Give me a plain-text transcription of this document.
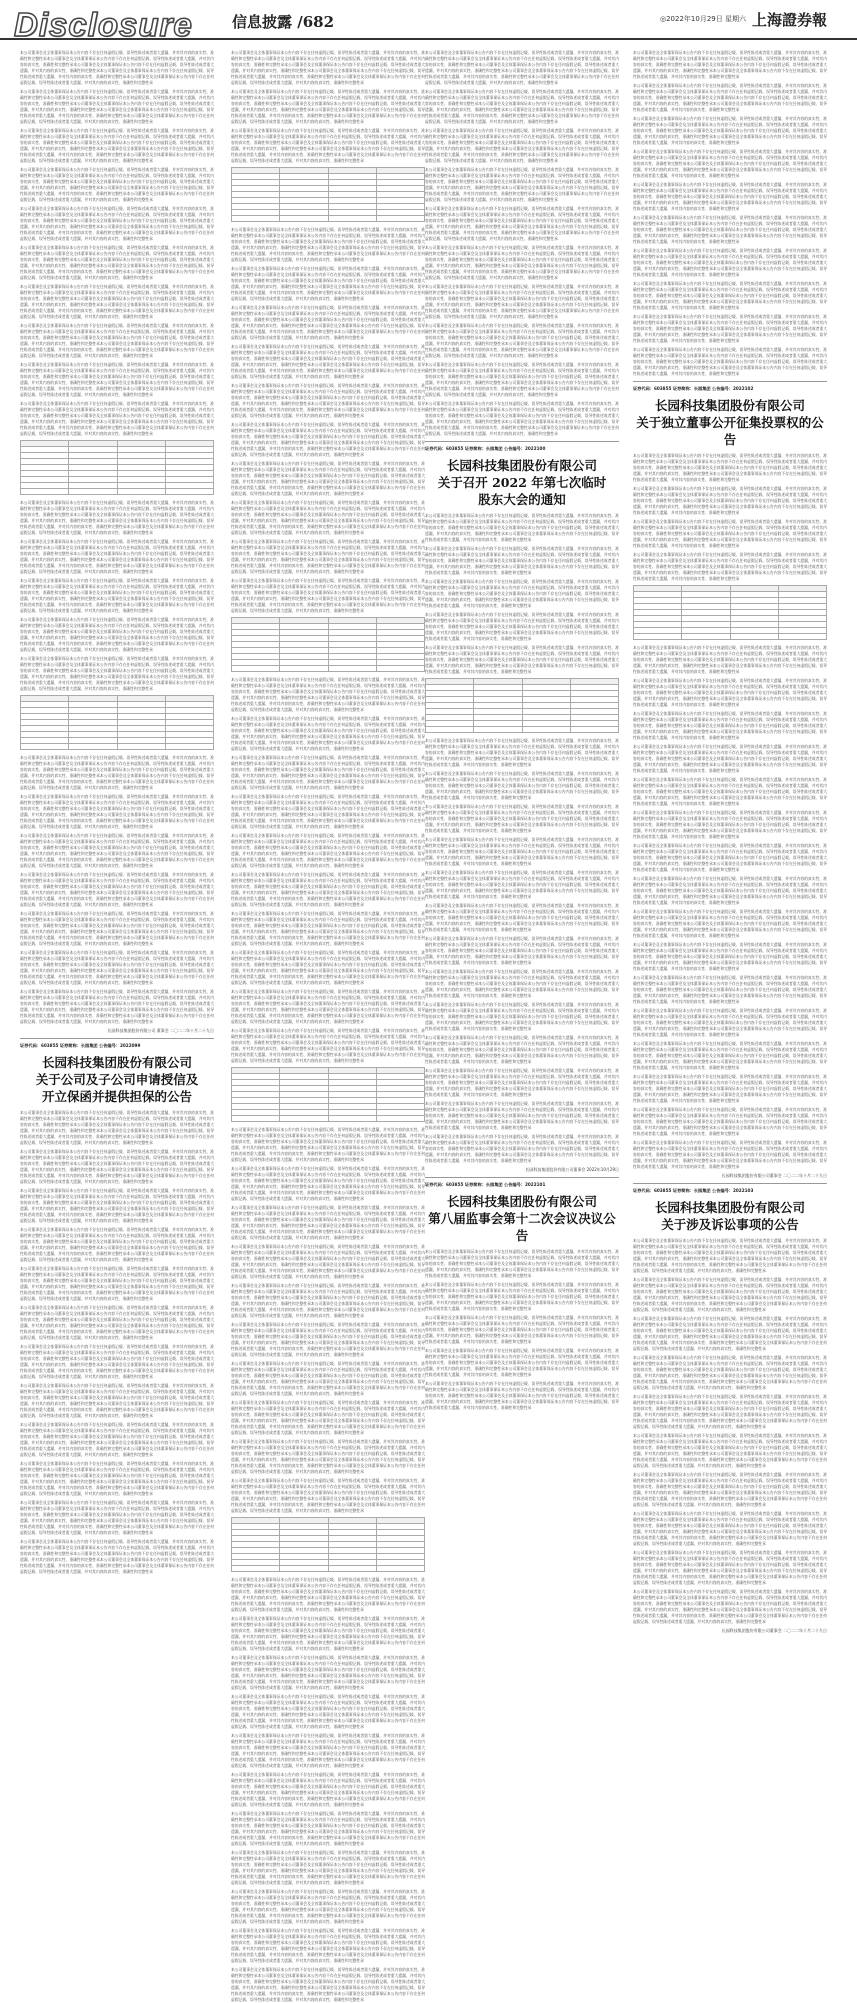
Disclosure	信息披露 /682	◎2022年10月29日 星期六 上海證券報
本公司董事会及全体董事保证本公告内容不存在任何虚假记载、误导性陈述或者重大遗漏，并对其内容的真实性、准确性和完整性承本公司董事会及全体董事保证本公告内容不存在任何虚假记载、误导性陈述或者重大遗漏，并对其内容的真实性、准确性和完整性承本公司董事会及全体董事保证本公告内容不存在任何虚假记载、误导性陈述或者重大遗漏，并对其内容的真实性、准确性和完整性承本公司董事会及全体董事保证本公告内容不存在任何虚假记载、误导性陈述或者重大遗漏，并对其内容的真实性、准确性和完整性承本公司董事会及全体董事保证本公告内容不存在任何虚假记载、误导性陈述或者重大遗漏，并对其内容的真实性、准确性和完整性承
本公司董事会及全体董事保证本公告内容不存在任何虚假记载、误导性陈述或者重大遗漏，并对其内容的真实性、准确性和完整性承本公司董事会及全体董事保证本公告内容不存在任何虚假记载、误导性陈述或者重大遗漏，并对其内容的真实性、准确性和完整性承本公司董事会及全体董事保证本公告内容不存在任何虚假记载、误导性陈述或者重大遗漏，并对其内容的真实性、准确性和完整性承本公司董事会及全体董事保证本公告内容不存在任何虚假记载、误导性陈述或者重大遗漏，并对其内容的真实性、准确性和完整性承本公司董事会及全体董事保证本公告内容不存在任何虚假记载、误导性陈述或者重大遗漏，并对其内容的真实性、准确性和完整性承
本公司董事会及全体董事保证本公告内容不存在任何虚假记载、误导性陈述或者重大遗漏，并对其内容的真实性、准确性和完整性承本公司董事会及全体董事保证本公告内容不存在任何虚假记载、误导性陈述或者重大遗漏，并对其内容的真实性、准确性和完整性承本公司董事会及全体董事保证本公告内容不存在任何虚假记载、误导性陈述或者重大遗漏，并对其内容的真实性、准确性和完整性承本公司董事会及全体董事保证本公告内容不存在任何虚假记载、误导性陈述或者重大遗漏，并对其内容的真实性、准确性和完整性承本公司董事会及全体董事保证本公告内容不存在任何虚假记载、误导性陈述或者重大遗漏，并对其内容的真实性、准确性和完整性承
本公司董事会及全体董事保证本公告内容不存在任何虚假记载、误导性陈述或者重大遗漏，并对其内容的真实性、准确性和完整性承本公司董事会及全体董事保证本公告内容不存在任何虚假记载、误导性陈述或者重大遗漏，并对其内容的真实性、准确性和完整性承本公司董事会及全体董事保证本公告内容不存在任何虚假记载、误导性陈述或者重大遗漏，并对其内容的真实性、准确性和完整性承本公司董事会及全体董事保证本公告内容不存在任何虚假记载、误导性陈述或者重大遗漏，并对其内容的真实性、准确性和完整性承本公司董事会及全体董事保证本公告内容不存在任何虚假记载、误导性陈述或者重大遗漏，并对其内容的真实性、准确性和完整性承
本公司董事会及全体董事保证本公告内容不存在任何虚假记载、误导性陈述或者重大遗漏，并对其内容的真实性、准确性和完整性承本公司董事会及全体董事保证本公告内容不存在任何虚假记载、误导性陈述或者重大遗漏，并对其内容的真实性、准确性和完整性承本公司董事会及全体董事保证本公告内容不存在任何虚假记载、误导性陈述或者重大遗漏，并对其内容的真实性、准确性和完整性承本公司董事会及全体董事保证本公告内容不存在任何虚假记载、误导性陈述或者重大遗漏，并对其内容的真实性、准确性和完整性承本公司董事会及全体董事保证本公告内容不存在任何虚假记载、误导性陈述或者重大遗漏，并对其内容的真实性、准确性和完整性承
本公司董事会及全体董事保证本公告内容不存在任何虚假记载、误导性陈述或者重大遗漏，并对其内容的真实性、准确性和完整性承本公司董事会及全体董事保证本公告内容不存在任何虚假记载、误导性陈述或者重大遗漏，并对其内容的真实性、准确性和完整性承本公司董事会及全体董事保证本公告内容不存在任何虚假记载、误导性陈述或者重大遗漏，并对其内容的真实性、准确性和完整性承本公司董事会及全体董事保证本公告内容不存在任何虚假记载、误导性陈述或者重大遗漏，并对其内容的真实性、准确性和完整性承本公司董事会及全体董事保证本公告内容不存在任何虚假记载、误导性陈述或者重大遗漏，并对其内容的真实性、准确性和完整性承
本公司董事会及全体董事保证本公告内容不存在任何虚假记载、误导性陈述或者重大遗漏，并对其内容的真实性、准确性和完整性承本公司董事会及全体董事保证本公告内容不存在任何虚假记载、误导性陈述或者重大遗漏，并对其内容的真实性、准确性和完整性承本公司董事会及全体董事保证本公告内容不存在任何虚假记载、误导性陈述或者重大遗漏，并对其内容的真实性、准确性和完整性承本公司董事会及全体董事保证本公告内容不存在任何虚假记载、误导性陈述或者重大遗漏，并对其内容的真实性、准确性和完整性承本公司董事会及全体董事保证本公告内容不存在任何虚假记载、误导性陈述或者重大遗漏，并对其内容的真实性、准确性和完整性承
本公司董事会及全体董事保证本公告内容不存在任何虚假记载、误导性陈述或者重大遗漏，并对其内容的真实性、准确性和完整性承本公司董事会及全体董事保证本公告内容不存在任何虚假记载、误导性陈述或者重大遗漏，并对其内容的真实性、准确性和完整性承本公司董事会及全体董事保证本公告内容不存在任何虚假记载、误导性陈述或者重大遗漏，并对其内容的真实性、准确性和完整性承本公司董事会及全体董事保证本公告内容不存在任何虚假记载、误导性陈述或者重大遗漏，并对其内容的真实性、准确性和完整性承本公司董事会及全体董事保证本公告内容不存在任何虚假记载、误导性陈述或者重大遗漏，并对其内容的真实性、准确性和完整性承
本公司董事会及全体董事保证本公告内容不存在任何虚假记载、误导性陈述或者重大遗漏，并对其内容的真实性、准确性和完整性承本公司董事会及全体董事保证本公告内容不存在任何虚假记载、误导性陈述或者重大遗漏，并对其内容的真实性、准确性和完整性承本公司董事会及全体董事保证本公告内容不存在任何虚假记载、误导性陈述或者重大遗漏，并对其内容的真实性、准确性和完整性承本公司董事会及全体董事保证本公告内容不存在任何虚假记载、误导性陈述或者重大遗漏，并对其内容的真实性、准确性和完整性承本公司董事会及全体董事保证本公告内容不存在任何虚假记载、误导性陈述或者重大遗漏，并对其内容的真实性、准确性和完整性承
本公司董事会及全体董事保证本公告内容不存在任何虚假记载、误导性陈述或者重大遗漏，并对其内容的真实性、准确性和完整性承本公司董事会及全体董事保证本公告内容不存在任何虚假记载、误导性陈述或者重大遗漏，并对其内容的真实性、准确性和完整性承本公司董事会及全体董事保证本公告内容不存在任何虚假记载、误导性陈述或者重大遗漏，并对其内容的真实性、准确性和完整性承本公司董事会及全体董事保证本公告内容不存在任何虚假记载、误导性陈述或者重大遗漏，并对其内容的真实性、准确性和完整性承本公司董事会及全体董事保证本公告内容不存在任何虚假记载、误导性陈述或者重大遗漏，并对其内容的真实性、准确性和完整性承

本公司董事会及全体董事保证本公告内容不存在任何虚假记载、误导性陈述或者重大遗漏，并对其内容的真实性、准确性和完整性承本公司董事会及全体董事保证本公告内容不存在任何虚假记载、误导性陈述或者重大遗漏，并对其内容的真实性、准确性和完整性承本公司董事会及全体董事保证本公告内容不存在任何虚假记载、误导性陈述或者重大遗漏，并对其内容的真实性、准确性和完整性承本公司董事会及全体董事保证本公告内容不存在任何虚假记载、误导性陈述或者重大遗漏，并对其内容的真实性、准确性和完整性承本公司董事会及全体董事保证本公告内容不存在任何虚假记载、误导性陈述或者重大遗漏，并对其内容的真实性、准确性和完整性承
本公司董事会及全体董事保证本公告内容不存在任何虚假记载、误导性陈述或者重大遗漏，并对其内容的真实性、准确性和完整性承本公司董事会及全体董事保证本公告内容不存在任何虚假记载、误导性陈述或者重大遗漏，并对其内容的真实性、准确性和完整性承本公司董事会及全体董事保证本公告内容不存在任何虚假记载、误导性陈述或者重大遗漏，并对其内容的真实性、准确性和完整性承本公司董事会及全体董事保证本公告内容不存在任何虚假记载、误导性陈述或者重大遗漏，并对其内容的真实性、准确性和完整性承本公司董事会及全体董事保证本公告内容不存在任何虚假记载、误导性陈述或者重大遗漏，并对其内容的真实性、准确性和完整性承
本公司董事会及全体董事保证本公告内容不存在任何虚假记载、误导性陈述或者重大遗漏，并对其内容的真实性、准确性和完整性承本公司董事会及全体董事保证本公告内容不存在任何虚假记载、误导性陈述或者重大遗漏，并对其内容的真实性、准确性和完整性承本公司董事会及全体董事保证本公告内容不存在任何虚假记载、误导性陈述或者重大遗漏，并对其内容的真实性、准确性和完整性承本公司董事会及全体董事保证本公告内容不存在任何虚假记载、误导性陈述或者重大遗漏，并对其内容的真实性、准确性和完整性承本公司董事会及全体董事保证本公告内容不存在任何虚假记载、误导性陈述或者重大遗漏，并对其内容的真实性、准确性和完整性承
本公司董事会及全体董事保证本公告内容不存在任何虚假记载、误导性陈述或者重大遗漏，并对其内容的真实性、准确性和完整性承本公司董事会及全体董事保证本公告内容不存在任何虚假记载、误导性陈述或者重大遗漏，并对其内容的真实性、准确性和完整性承本公司董事会及全体董事保证本公告内容不存在任何虚假记载、误导性陈述或者重大遗漏，并对其内容的真实性、准确性和完整性承本公司董事会及全体董事保证本公告内容不存在任何虚假记载、误导性陈述或者重大遗漏，并对其内容的真实性、准确性和完整性承本公司董事会及全体董事保证本公告内容不存在任何虚假记载、误导性陈述或者重大遗漏，并对其内容的真实性、准确性和完整性承
本公司董事会及全体董事保证本公告内容不存在任何虚假记载、误导性陈述或者重大遗漏，并对其内容的真实性、准确性和完整性承本公司董事会及全体董事保证本公告内容不存在任何虚假记载、误导性陈述或者重大遗漏，并对其内容的真实性、准确性和完整性承本公司董事会及全体董事保证本公告内容不存在任何虚假记载、误导性陈述或者重大遗漏，并对其内容的真实性、准确性和完整性承本公司董事会及全体董事保证本公告内容不存在任何虚假记载、误导性陈述或者重大遗漏，并对其内容的真实性、准确性和完整性承本公司董事会及全体董事保证本公告内容不存在任何虚假记载、误导性陈述或者重大遗漏，并对其内容的真实性、准确性和完整性承

本公司董事会及全体董事保证本公告内容不存在任何虚假记载、误导性陈述或者重大遗漏，并对其内容的真实性、准确性和完整性承本公司董事会及全体董事保证本公告内容不存在任何虚假记载、误导性陈述或者重大遗漏，并对其内容的真实性、准确性和完整性承本公司董事会及全体董事保证本公告内容不存在任何虚假记载、误导性陈述或者重大遗漏，并对其内容的真实性、准确性和完整性承本公司董事会及全体董事保证本公告内容不存在任何虚假记载、误导性陈述或者重大遗漏，并对其内容的真实性、准确性和完整性承本公司董事会及全体董事保证本公告内容不存在任何虚假记载、误导性陈述或者重大遗漏，并对其内容的真实性、准确性和完整性承
本公司董事会及全体董事保证本公告内容不存在任何虚假记载、误导性陈述或者重大遗漏，并对其内容的真实性、准确性和完整性承本公司董事会及全体董事保证本公告内容不存在任何虚假记载、误导性陈述或者重大遗漏，并对其内容的真实性、准确性和完整性承本公司董事会及全体董事保证本公告内容不存在任何虚假记载、误导性陈述或者重大遗漏，并对其内容的真实性、准确性和完整性承本公司董事会及全体董事保证本公告内容不存在任何虚假记载、误导性陈述或者重大遗漏，并对其内容的真实性、准确性和完整性承本公司董事会及全体董事保证本公告内容不存在任何虚假记载、误导性陈述或者重大遗漏，并对其内容的真实性、准确性和完整性承
本公司董事会及全体董事保证本公告内容不存在任何虚假记载、误导性陈述或者重大遗漏，并对其内容的真实性、准确性和完整性承本公司董事会及全体董事保证本公告内容不存在任何虚假记载、误导性陈述或者重大遗漏，并对其内容的真实性、准确性和完整性承本公司董事会及全体董事保证本公告内容不存在任何虚假记载、误导性陈述或者重大遗漏，并对其内容的真实性、准确性和完整性承本公司董事会及全体董事保证本公告内容不存在任何虚假记载、误导性陈述或者重大遗漏，并对其内容的真实性、准确性和完整性承本公司董事会及全体董事保证本公告内容不存在任何虚假记载、误导性陈述或者重大遗漏，并对其内容的真实性、准确性和完整性承
本公司董事会及全体董事保证本公告内容不存在任何虚假记载、误导性陈述或者重大遗漏，并对其内容的真实性、准确性和完整性承本公司董事会及全体董事保证本公告内容不存在任何虚假记载、误导性陈述或者重大遗漏，并对其内容的真实性、准确性和完整性承本公司董事会及全体董事保证本公告内容不存在任何虚假记载、误导性陈述或者重大遗漏，并对其内容的真实性、准确性和完整性承本公司董事会及全体董事保证本公告内容不存在任何虚假记载、误导性陈述或者重大遗漏，并对其内容的真实性、准确性和完整性承本公司董事会及全体董事保证本公告内容不存在任何虚假记载、误导性陈述或者重大遗漏，并对其内容的真实性、准确性和完整性承
本公司董事会及全体董事保证本公告内容不存在任何虚假记载、误导性陈述或者重大遗漏，并对其内容的真实性、准确性和完整性承本公司董事会及全体董事保证本公告内容不存在任何虚假记载、误导性陈述或者重大遗漏，并对其内容的真实性、准确性和完整性承本公司董事会及全体董事保证本公告内容不存在任何虚假记载、误导性陈述或者重大遗漏，并对其内容的真实性、准确性和完整性承本公司董事会及全体董事保证本公告内容不存在任何虚假记载、误导性陈述或者重大遗漏，并对其内容的真实性、准确性和完整性承本公司董事会及全体董事保证本公告内容不存在任何虚假记载、误导性陈述或者重大遗漏，并对其内容的真实性、准确性和完整性承
本公司董事会及全体董事保证本公告内容不存在任何虚假记载、误导性陈述或者重大遗漏，并对其内容的真实性、准确性和完整性承本公司董事会及全体董事保证本公告内容不存在任何虚假记载、误导性陈述或者重大遗漏，并对其内容的真实性、准确性和完整性承本公司董事会及全体董事保证本公告内容不存在任何虚假记载、误导性陈述或者重大遗漏，并对其内容的真实性、准确性和完整性承本公司董事会及全体董事保证本公告内容不存在任何虚假记载、误导性陈述或者重大遗漏，并对其内容的真实性、准确性和完整性承本公司董事会及全体董事保证本公告内容不存在任何虚假记载、误导性陈述或者重大遗漏，并对其内容的真实性、准确性和完整性承
本公司董事会及全体董事保证本公告内容不存在任何虚假记载、误导性陈述或者重大遗漏，并对其内容的真实性、准确性和完整性承本公司董事会及全体董事保证本公告内容不存在任何虚假记载、误导性陈述或者重大遗漏，并对其内容的真实性、准确性和完整性承本公司董事会及全体董事保证本公告内容不存在任何虚假记载、误导性陈述或者重大遗漏，并对其内容的真实性、准确性和完整性承本公司董事会及全体董事保证本公告内容不存在任何虚假记载、误导性陈述或者重大遗漏，并对其内容的真实性、准确性和完整性承本公司董事会及全体董事保证本公告内容不存在任何虚假记载、误导性陈述或者重大遗漏，并对其内容的真实性、准确性和完整性承
长园科技集团股份有限公司 董事会 二〇二二年十月二十九日
证券代码：603855 证券简称：长园集团 公告编号：2022099
长园科技集团股份有限公司
关于公司及子公司申请授信及
开立保函并提供担保的公告
本公司董事会及全体董事保证本公告内容不存在任何虚假记载、误导性陈述或者重大遗漏，并对其内容的真实性、准确性和完整性承本公司董事会及全体董事保证本公告内容不存在任何虚假记载、误导性陈述或者重大遗漏，并对其内容的真实性、准确性和完整性承本公司董事会及全体董事保证本公告内容不存在任何虚假记载、误导性陈述或者重大遗漏，并对其内容的真实性、准确性和完整性承本公司董事会及全体董事保证本公告内容不存在任何虚假记载、误导性陈述或者重大遗漏，并对其内容的真实性、准确性和完整性承本公司董事会及全体董事保证本公告内容不存在任何虚假记载、误导性陈述或者重大遗漏，并对其内容的真实性、准确性和完整性承
本公司董事会及全体董事保证本公告内容不存在任何虚假记载、误导性陈述或者重大遗漏，并对其内容的真实性、准确性和完整性承本公司董事会及全体董事保证本公告内容不存在任何虚假记载、误导性陈述或者重大遗漏，并对其内容的真实性、准确性和完整性承本公司董事会及全体董事保证本公告内容不存在任何虚假记载、误导性陈述或者重大遗漏，并对其内容的真实性、准确性和完整性承本公司董事会及全体董事保证本公告内容不存在任何虚假记载、误导性陈述或者重大遗漏，并对其内容的真实性、准确性和完整性承本公司董事会及全体董事保证本公告内容不存在任何虚假记载、误导性陈述或者重大遗漏，并对其内容的真实性、准确性和完整性承
本公司董事会及全体董事保证本公告内容不存在任何虚假记载、误导性陈述或者重大遗漏，并对其内容的真实性、准确性和完整性承本公司董事会及全体董事保证本公告内容不存在任何虚假记载、误导性陈述或者重大遗漏，并对其内容的真实性、准确性和完整性承本公司董事会及全体董事保证本公告内容不存在任何虚假记载、误导性陈述或者重大遗漏，并对其内容的真实性、准确性和完整性承本公司董事会及全体董事保证本公告内容不存在任何虚假记载、误导性陈述或者重大遗漏，并对其内容的真实性、准确性和完整性承本公司董事会及全体董事保证本公告内容不存在任何虚假记载、误导性陈述或者重大遗漏，并对其内容的真实性、准确性和完整性承
本公司董事会及全体董事保证本公告内容不存在任何虚假记载、误导性陈述或者重大遗漏，并对其内容的真实性、准确性和完整性承本公司董事会及全体董事保证本公告内容不存在任何虚假记载、误导性陈述或者重大遗漏，并对其内容的真实性、准确性和完整性承本公司董事会及全体董事保证本公告内容不存在任何虚假记载、误导性陈述或者重大遗漏，并对其内容的真实性、准确性和完整性承本公司董事会及全体董事保证本公告内容不存在任何虚假记载、误导性陈述或者重大遗漏，并对其内容的真实性、准确性和完整性承本公司董事会及全体董事保证本公告内容不存在任何虚假记载、误导性陈述或者重大遗漏，并对其内容的真实性、准确性和完整性承
本公司董事会及全体董事保证本公告内容不存在任何虚假记载、误导性陈述或者重大遗漏，并对其内容的真实性、准确性和完整性承本公司董事会及全体董事保证本公告内容不存在任何虚假记载、误导性陈述或者重大遗漏，并对其内容的真实性、准确性和完整性承本公司董事会及全体董事保证本公告内容不存在任何虚假记载、误导性陈述或者重大遗漏，并对其内容的真实性、准确性和完整性承本公司董事会及全体董事保证本公告内容不存在任何虚假记载、误导性陈述或者重大遗漏，并对其内容的真实性、准确性和完整性承本公司董事会及全体董事保证本公告内容不存在任何虚假记载、误导性陈述或者重大遗漏，并对其内容的真实性、准确性和完整性承
本公司董事会及全体董事保证本公告内容不存在任何虚假记载、误导性陈述或者重大遗漏，并对其内容的真实性、准确性和完整性承本公司董事会及全体董事保证本公告内容不存在任何虚假记载、误导性陈述或者重大遗漏，并对其内容的真实性、准确性和完整性承本公司董事会及全体董事保证本公告内容不存在任何虚假记载、误导性陈述或者重大遗漏，并对其内容的真实性、准确性和完整性承本公司董事会及全体董事保证本公告内容不存在任何虚假记载、误导性陈述或者重大遗漏，并对其内容的真实性、准确性和完整性承本公司董事会及全体董事保证本公告内容不存在任何虚假记载、误导性陈述或者重大遗漏，并对其内容的真实性、准确性和完整性承
本公司董事会及全体董事保证本公告内容不存在任何虚假记载、误导性陈述或者重大遗漏，并对其内容的真实性、准确性和完整性承本公司董事会及全体董事保证本公告内容不存在任何虚假记载、误导性陈述或者重大遗漏，并对其内容的真实性、准确性和完整性承本公司董事会及全体董事保证本公告内容不存在任何虚假记载、误导性陈述或者重大遗漏，并对其内容的真实性、准确性和完整性承本公司董事会及全体董事保证本公告内容不存在任何虚假记载、误导性陈述或者重大遗漏，并对其内容的真实性、准确性和完整性承本公司董事会及全体董事保证本公告内容不存在任何虚假记载、误导性陈述或者重大遗漏，并对其内容的真实性、准确性和完整性承
本公司董事会及全体董事保证本公告内容不存在任何虚假记载、误导性陈述或者重大遗漏，并对其内容的真实性、准确性和完整性承本公司董事会及全体董事保证本公告内容不存在任何虚假记载、误导性陈述或者重大遗漏，并对其内容的真实性、准确性和完整性承本公司董事会及全体董事保证本公告内容不存在任何虚假记载、误导性陈述或者重大遗漏，并对其内容的真实性、准确性和完整性承本公司董事会及全体董事保证本公告内容不存在任何虚假记载、误导性陈述或者重大遗漏，并对其内容的真实性、准确性和完整性承本公司董事会及全体董事保证本公告内容不存在任何虚假记载、误导性陈述或者重大遗漏，并对其内容的真实性、准确性和完整性承
本公司董事会及全体董事保证本公告内容不存在任何虚假记载、误导性陈述或者重大遗漏，并对其内容的真实性、准确性和完整性承本公司董事会及全体董事保证本公告内容不存在任何虚假记载、误导性陈述或者重大遗漏，并对其内容的真实性、准确性和完整性承本公司董事会及全体董事保证本公告内容不存在任何虚假记载、误导性陈述或者重大遗漏，并对其内容的真实性、准确性和完整性承本公司董事会及全体董事保证本公告内容不存在任何虚假记载、误导性陈述或者重大遗漏，并对其内容的真实性、准确性和完整性承本公司董事会及全体董事保证本公告内容不存在任何虚假记载、误导性陈述或者重大遗漏，并对其内容的真实性、准确性和完整性承
本公司董事会及全体董事保证本公告内容不存在任何虚假记载、误导性陈述或者重大遗漏，并对其内容的真实性、准确性和完整性承本公司董事会及全体董事保证本公告内容不存在任何虚假记载、误导性陈述或者重大遗漏，并对其内容的真实性、准确性和完整性承本公司董事会及全体董事保证本公告内容不存在任何虚假记载、误导性陈述或者重大遗漏，并对其内容的真实性、准确性和完整性承本公司董事会及全体董事保证本公告内容不存在任何虚假记载、误导性陈述或者重大遗漏，并对其内容的真实性、准确性和完整性承本公司董事会及全体董事保证本公告内容不存在任何虚假记载、误导性陈述或者重大遗漏，并对其内容的真实性、准确性和完整性承
本公司董事会及全体董事保证本公告内容不存在任何虚假记载、误导性陈述或者重大遗漏，并对其内容的真实性、准确性和完整性承本公司董事会及全体董事保证本公告内容不存在任何虚假记载、误导性陈述或者重大遗漏，并对其内容的真实性、准确性和完整性承本公司董事会及全体董事保证本公告内容不存在任何虚假记载、误导性陈述或者重大遗漏，并对其内容的真实性、准确性和完整性承本公司董事会及全体董事保证本公告内容不存在任何虚假记载、误导性陈述或者重大遗漏，并对其内容的真实性、准确性和完整性承本公司董事会及全体董事保证本公告内容不存在任何虚假记载、误导性陈述或者重大遗漏，并对其内容的真实性、准确性和完整性承
本公司董事会及全体董事保证本公告内容不存在任何虚假记载、误导性陈述或者重大遗漏，并对其内容的真实性、准确性和完整性承本公司董事会及全体董事保证本公告内容不存在任何虚假记载、误导性陈述或者重大遗漏，并对其内容的真实性、准确性和完整性承本公司董事会及全体董事保证本公告内容不存在任何虚假记载、误导性陈述或者重大遗漏，并对其内容的真实性、准确性和完整性承本公司董事会及全体董事保证本公告内容不存在任何虚假记载、误导性陈述或者重大遗漏，并对其内容的真实性、准确性和完整性承本公司董事会及全体董事保证本公告内容不存在任何虚假记载、误导性陈述或者重大遗漏，并对其内容的真实性、准确性和完整性承
本公司董事会及全体董事保证本公告内容不存在任何虚假记载、误导性陈述或者重大遗漏，并对其内容的真实性、准确性和完整性承本公司董事会及全体董事保证本公告内容不存在任何虚假记载、误导性陈述或者重大遗漏，并对其内容的真实性、准确性和完整性承本公司董事会及全体董事保证本公告内容不存在任何虚假记载、误导性陈述或者重大遗漏，并对其内容的真实性、准确性和完整性承本公司董事会及全体董事保证本公告内容不存在任何虚假记载、误导性陈述或者重大遗漏，并对其内容的真实性、准确性和完整性承本公司董事会及全体董事保证本公告内容不存在任何虚假记载、误导性陈述或者重大遗漏，并对其内容的真实性、准确性和完整性承
本公司董事会及全体董事保证本公告内容不存在任何虚假记载、误导性陈述或者重大遗漏，并对其内容的真实性、准确性和完整性承本公司董事会及全体董事保证本公告内容不存在任何虚假记载、误导性陈述或者重大遗漏，并对其内容的真实性、准确性和完整性承本公司董事会及全体董事保证本公告内容不存在任何虚假记载、误导性陈述或者重大遗漏，并对其内容的真实性、准确性和完整性承本公司董事会及全体董事保证本公告内容不存在任何虚假记载、误导性陈述或者重大遗漏，并对其内容的真实性、准确性和完整性承本公司董事会及全体董事保证本公告内容不存在任何虚假记载、误导性陈述或者重大遗漏，并对其内容的真实性、准确性和完整性承
本公司董事会及全体董事保证本公告内容不存在任何虚假记载、误导性陈述或者重大遗漏，并对其内容的真实性、准确性和完整性承本公司董事会及全体董事保证本公告内容不存在任何虚假记载、误导性陈述或者重大遗漏，并对其内容的真实性、准确性和完整性承本公司董事会及全体董事保证本公告内容不存在任何虚假记载、误导性陈述或者重大遗漏，并对其内容的真实性、准确性和完整性承本公司董事会及全体董事保证本公告内容不存在任何虚假记载、误导性陈述或者重大遗漏，并对其内容的真实性、准确性和完整性承本公司董事会及全体董事保证本公告内容不存在任何虚假记载、误导性陈述或者重大遗漏，并对其内容的真实性、准确性和完整性承

本公司董事会及全体董事保证本公告内容不存在任何虚假记载、误导性陈述或者重大遗漏，并对其内容的真实性、准确性和完整性承本公司董事会及全体董事保证本公告内容不存在任何虚假记载、误导性陈述或者重大遗漏，并对其内容的真实性、准确性和完整性承本公司董事会及全体董事保证本公告内容不存在任何虚假记载、误导性陈述或者重大遗漏，并对其内容的真实性、准确性和完整性承本公司董事会及全体董事保证本公告内容不存在任何虚假记载、误导性陈述或者重大遗漏，并对其内容的真实性、准确性和完整性承本公司董事会及全体董事保证本公告内容不存在任何虚假记载、误导性陈述或者重大遗漏，并对其内容的真实性、准确性和完整性承
本公司董事会及全体董事保证本公告内容不存在任何虚假记载、误导性陈述或者重大遗漏，并对其内容的真实性、准确性和完整性承本公司董事会及全体董事保证本公告内容不存在任何虚假记载、误导性陈述或者重大遗漏，并对其内容的真实性、准确性和完整性承本公司董事会及全体董事保证本公告内容不存在任何虚假记载、误导性陈述或者重大遗漏，并对其内容的真实性、准确性和完整性承本公司董事会及全体董事保证本公告内容不存在任何虚假记载、误导性陈述或者重大遗漏，并对其内容的真实性、准确性和完整性承本公司董事会及全体董事保证本公告内容不存在任何虚假记载、误导性陈述或者重大遗漏，并对其内容的真实性、准确性和完整性承
本公司董事会及全体董事保证本公告内容不存在任何虚假记载、误导性陈述或者重大遗漏，并对其内容的真实性、准确性和完整性承本公司董事会及全体董事保证本公告内容不存在任何虚假记载、误导性陈述或者重大遗漏，并对其内容的真实性、准确性和完整性承本公司董事会及全体董事保证本公告内容不存在任何虚假记载、误导性陈述或者重大遗漏，并对其内容的真实性、准确性和完整性承本公司董事会及全体董事保证本公告内容不存在任何虚假记载、误导性陈述或者重大遗漏，并对其内容的真实性、准确性和完整性承本公司董事会及全体董事保证本公告内容不存在任何虚假记载、误导性陈述或者重大遗漏，并对其内容的真实性、准确性和完整性承
本公司董事会及全体董事保证本公告内容不存在任何虚假记载、误导性陈述或者重大遗漏，并对其内容的真实性、准确性和完整性承本公司董事会及全体董事保证本公告内容不存在任何虚假记载、误导性陈述或者重大遗漏，并对其内容的真实性、准确性和完整性承本公司董事会及全体董事保证本公告内容不存在任何虚假记载、误导性陈述或者重大遗漏，并对其内容的真实性、准确性和完整性承本公司董事会及全体董事保证本公告内容不存在任何虚假记载、误导性陈述或者重大遗漏，并对其内容的真实性、准确性和完整性承本公司董事会及全体董事保证本公告内容不存在任何虚假记载、误导性陈述或者重大遗漏，并对其内容的真实性、准确性和完整性承
本公司董事会及全体董事保证本公告内容不存在任何虚假记载、误导性陈述或者重大遗漏，并对其内容的真实性、准确性和完整性承本公司董事会及全体董事保证本公告内容不存在任何虚假记载、误导性陈述或者重大遗漏，并对其内容的真实性、准确性和完整性承本公司董事会及全体董事保证本公告内容不存在任何虚假记载、误导性陈述或者重大遗漏，并对其内容的真实性、准确性和完整性承本公司董事会及全体董事保证本公告内容不存在任何虚假记载、误导性陈述或者重大遗漏，并对其内容的真实性、准确性和完整性承本公司董事会及全体董事保证本公告内容不存在任何虚假记载、误导性陈述或者重大遗漏，并对其内容的真实性、准确性和完整性承
本公司董事会及全体董事保证本公告内容不存在任何虚假记载、误导性陈述或者重大遗漏，并对其内容的真实性、准确性和完整性承本公司董事会及全体董事保证本公告内容不存在任何虚假记载、误导性陈述或者重大遗漏，并对其内容的真实性、准确性和完整性承本公司董事会及全体董事保证本公告内容不存在任何虚假记载、误导性陈述或者重大遗漏，并对其内容的真实性、准确性和完整性承本公司董事会及全体董事保证本公告内容不存在任何虚假记载、误导性陈述或者重大遗漏，并对其内容的真实性、准确性和完整性承本公司董事会及全体董事保证本公告内容不存在任何虚假记载、误导性陈述或者重大遗漏，并对其内容的真实性、准确性和完整性承
本公司董事会及全体董事保证本公告内容不存在任何虚假记载、误导性陈述或者重大遗漏，并对其内容的真实性、准确性和完整性承本公司董事会及全体董事保证本公告内容不存在任何虚假记载、误导性陈述或者重大遗漏，并对其内容的真实性、准确性和完整性承本公司董事会及全体董事保证本公告内容不存在任何虚假记载、误导性陈述或者重大遗漏，并对其内容的真实性、准确性和完整性承本公司董事会及全体董事保证本公告内容不存在任何虚假记载、误导性陈述或者重大遗漏，并对其内容的真实性、准确性和完整性承本公司董事会及全体董事保证本公告内容不存在任何虚假记载、误导性陈述或者重大遗漏，并对其内容的真实性、准确性和完整性承
本公司董事会及全体董事保证本公告内容不存在任何虚假记载、误导性陈述或者重大遗漏，并对其内容的真实性、准确性和完整性承本公司董事会及全体董事保证本公告内容不存在任何虚假记载、误导性陈述或者重大遗漏，并对其内容的真实性、准确性和完整性承本公司董事会及全体董事保证本公告内容不存在任何虚假记载、误导性陈述或者重大遗漏，并对其内容的真实性、准确性和完整性承本公司董事会及全体董事保证本公告内容不存在任何虚假记载、误导性陈述或者重大遗漏，并对其内容的真实性、准确性和完整性承本公司董事会及全体董事保证本公告内容不存在任何虚假记载、误导性陈述或者重大遗漏，并对其内容的真实性、准确性和完整性承
本公司董事会及全体董事保证本公告内容不存在任何虚假记载、误导性陈述或者重大遗漏，并对其内容的真实性、准确性和完整性承本公司董事会及全体董事保证本公告内容不存在任何虚假记载、误导性陈述或者重大遗漏，并对其内容的真实性、准确性和完整性承本公司董事会及全体董事保证本公告内容不存在任何虚假记载、误导性陈述或者重大遗漏，并对其内容的真实性、准确性和完整性承本公司董事会及全体董事保证本公告内容不存在任何虚假记载、误导性陈述或者重大遗漏，并对其内容的真实性、准确性和完整性承本公司董事会及全体董事保证本公告内容不存在任何虚假记载、误导性陈述或者重大遗漏，并对其内容的真实性、准确性和完整性承
本公司董事会及全体董事保证本公告内容不存在任何虚假记载、误导性陈述或者重大遗漏，并对其内容的真实性、准确性和完整性承本公司董事会及全体董事保证本公告内容不存在任何虚假记载、误导性陈述或者重大遗漏，并对其内容的真实性、准确性和完整性承本公司董事会及全体董事保证本公告内容不存在任何虚假记载、误导性陈述或者重大遗漏，并对其内容的真实性、准确性和完整性承本公司董事会及全体董事保证本公告内容不存在任何虚假记载、误导性陈述或者重大遗漏，并对其内容的真实性、准确性和完整性承本公司董事会及全体董事保证本公告内容不存在任何虚假记载、误导性陈述或者重大遗漏，并对其内容的真实性、准确性和完整性承

本公司董事会及全体董事保证本公告内容不存在任何虚假记载、误导性陈述或者重大遗漏，并对其内容的真实性、准确性和完整性承本公司董事会及全体董事保证本公告内容不存在任何虚假记载、误导性陈述或者重大遗漏，并对其内容的真实性、准确性和完整性承本公司董事会及全体董事保证本公告内容不存在任何虚假记载、误导性陈述或者重大遗漏，并对其内容的真实性、准确性和完整性承本公司董事会及全体董事保证本公告内容不存在任何虚假记载、误导性陈述或者重大遗漏，并对其内容的真实性、准确性和完整性承本公司董事会及全体董事保证本公告内容不存在任何虚假记载、误导性陈述或者重大遗漏，并对其内容的真实性、准确性和完整性承
本公司董事会及全体董事保证本公告内容不存在任何虚假记载、误导性陈述或者重大遗漏，并对其内容的真实性、准确性和完整性承本公司董事会及全体董事保证本公告内容不存在任何虚假记载、误导性陈述或者重大遗漏，并对其内容的真实性、准确性和完整性承本公司董事会及全体董事保证本公告内容不存在任何虚假记载、误导性陈述或者重大遗漏，并对其内容的真实性、准确性和完整性承本公司董事会及全体董事保证本公告内容不存在任何虚假记载、误导性陈述或者重大遗漏，并对其内容的真实性、准确性和完整性承本公司董事会及全体董事保证本公告内容不存在任何虚假记载、误导性陈述或者重大遗漏，并对其内容的真实性、准确性和完整性承
本公司董事会及全体董事保证本公告内容不存在任何虚假记载、误导性陈述或者重大遗漏，并对其内容的真实性、准确性和完整性承本公司董事会及全体董事保证本公告内容不存在任何虚假记载、误导性陈述或者重大遗漏，并对其内容的真实性、准确性和完整性承本公司董事会及全体董事保证本公告内容不存在任何虚假记载、误导性陈述或者重大遗漏，并对其内容的真实性、准确性和完整性承本公司董事会及全体董事保证本公告内容不存在任何虚假记载、误导性陈述或者重大遗漏，并对其内容的真实性、准确性和完整性承本公司董事会及全体董事保证本公告内容不存在任何虚假记载、误导性陈述或者重大遗漏，并对其内容的真实性、准确性和完整性承
本公司董事会及全体董事保证本公告内容不存在任何虚假记载、误导性陈述或者重大遗漏，并对其内容的真实性、准确性和完整性承本公司董事会及全体董事保证本公告内容不存在任何虚假记载、误导性陈述或者重大遗漏，并对其内容的真实性、准确性和完整性承本公司董事会及全体董事保证本公告内容不存在任何虚假记载、误导性陈述或者重大遗漏，并对其内容的真实性、准确性和完整性承本公司董事会及全体董事保证本公告内容不存在任何虚假记载、误导性陈述或者重大遗漏，并对其内容的真实性、准确性和完整性承本公司董事会及全体董事保证本公告内容不存在任何虚假记载、误导性陈述或者重大遗漏，并对其内容的真实性、准确性和完整性承
本公司董事会及全体董事保证本公告内容不存在任何虚假记载、误导性陈述或者重大遗漏，并对其内容的真实性、准确性和完整性承本公司董事会及全体董事保证本公告内容不存在任何虚假记载、误导性陈述或者重大遗漏，并对其内容的真实性、准确性和完整性承本公司董事会及全体董事保证本公告内容不存在任何虚假记载、误导性陈述或者重大遗漏，并对其内容的真实性、准确性和完整性承本公司董事会及全体董事保证本公告内容不存在任何虚假记载、误导性陈述或者重大遗漏，并对其内容的真实性、准确性和完整性承本公司董事会及全体董事保证本公告内容不存在任何虚假记载、误导性陈述或者重大遗漏，并对其内容的真实性、准确性和完整性承
本公司董事会及全体董事保证本公告内容不存在任何虚假记载、误导性陈述或者重大遗漏，并对其内容的真实性、准确性和完整性承本公司董事会及全体董事保证本公告内容不存在任何虚假记载、误导性陈述或者重大遗漏，并对其内容的真实性、准确性和完整性承本公司董事会及全体董事保证本公告内容不存在任何虚假记载、误导性陈述或者重大遗漏，并对其内容的真实性、准确性和完整性承本公司董事会及全体董事保证本公告内容不存在任何虚假记载、误导性陈述或者重大遗漏，并对其内容的真实性、准确性和完整性承本公司董事会及全体董事保证本公告内容不存在任何虚假记载、误导性陈述或者重大遗漏，并对其内容的真实性、准确性和完整性承
本公司董事会及全体董事保证本公告内容不存在任何虚假记载、误导性陈述或者重大遗漏，并对其内容的真实性、准确性和完整性承本公司董事会及全体董事保证本公告内容不存在任何虚假记载、误导性陈述或者重大遗漏，并对其内容的真实性、准确性和完整性承本公司董事会及全体董事保证本公告内容不存在任何虚假记载、误导性陈述或者重大遗漏，并对其内容的真实性、准确性和完整性承本公司董事会及全体董事保证本公告内容不存在任何虚假记载、误导性陈述或者重大遗漏，并对其内容的真实性、准确性和完整性承本公司董事会及全体董事保证本公告内容不存在任何虚假记载、误导性陈述或者重大遗漏，并对其内容的真实性、准确性和完整性承
本公司董事会及全体董事保证本公告内容不存在任何虚假记载、误导性陈述或者重大遗漏，并对其内容的真实性、准确性和完整性承本公司董事会及全体董事保证本公告内容不存在任何虚假记载、误导性陈述或者重大遗漏，并对其内容的真实性、准确性和完整性承本公司董事会及全体董事保证本公告内容不存在任何虚假记载、误导性陈述或者重大遗漏，并对其内容的真实性、准确性和完整性承本公司董事会及全体董事保证本公告内容不存在任何虚假记载、误导性陈述或者重大遗漏，并对其内容的真实性、准确性和完整性承本公司董事会及全体董事保证本公告内容不存在任何虚假记载、误导性陈述或者重大遗漏，并对其内容的真实性、准确性和完整性承
本公司董事会及全体董事保证本公告内容不存在任何虚假记载、误导性陈述或者重大遗漏，并对其内容的真实性、准确性和完整性承本公司董事会及全体董事保证本公告内容不存在任何虚假记载、误导性陈述或者重大遗漏，并对其内容的真实性、准确性和完整性承本公司董事会及全体董事保证本公告内容不存在任何虚假记载、误导性陈述或者重大遗漏，并对其内容的真实性、准确性和完整性承本公司董事会及全体董事保证本公告内容不存在任何虚假记载、误导性陈述或者重大遗漏，并对其内容的真实性、准确性和完整性承本公司董事会及全体董事保证本公告内容不存在任何虚假记载、误导性陈述或者重大遗漏，并对其内容的真实性、准确性和完整性承
本公司董事会及全体董事保证本公告内容不存在任何虚假记载、误导性陈述或者重大遗漏，并对其内容的真实性、准确性和完整性承本公司董事会及全体董事保证本公告内容不存在任何虚假记载、误导性陈述或者重大遗漏，并对其内容的真实性、准确性和完整性承本公司董事会及全体董事保证本公告内容不存在任何虚假记载、误导性陈述或者重大遗漏，并对其内容的真实性、准确性和完整性承本公司董事会及全体董事保证本公告内容不存在任何虚假记载、误导性陈述或者重大遗漏，并对其内容的真实性、准确性和完整性承本公司董事会及全体董事保证本公告内容不存在任何虚假记载、误导性陈述或者重大遗漏，并对其内容的真实性、准确性和完整性承

本公司董事会及全体董事保证本公告内容不存在任何虚假记载、误导性陈述或者重大遗漏，并对其内容的真实性、准确性和完整性承本公司董事会及全体董事保证本公告内容不存在任何虚假记载、误导性陈述或者重大遗漏，并对其内容的真实性、准确性和完整性承本公司董事会及全体董事保证本公告内容不存在任何虚假记载、误导性陈述或者重大遗漏，并对其内容的真实性、准确性和完整性承本公司董事会及全体董事保证本公告内容不存在任何虚假记载、误导性陈述或者重大遗漏，并对其内容的真实性、准确性和完整性承本公司董事会及全体董事保证本公告内容不存在任何虚假记载、误导性陈述或者重大遗漏，并对其内容的真实性、准确性和完整性承
本公司董事会及全体董事保证本公告内容不存在任何虚假记载、误导性陈述或者重大遗漏，并对其内容的真实性、准确性和完整性承本公司董事会及全体董事保证本公告内容不存在任何虚假记载、误导性陈述或者重大遗漏，并对其内容的真实性、准确性和完整性承本公司董事会及全体董事保证本公告内容不存在任何虚假记载、误导性陈述或者重大遗漏，并对其内容的真实性、准确性和完整性承本公司董事会及全体董事保证本公告内容不存在任何虚假记载、误导性陈述或者重大遗漏，并对其内容的真实性、准确性和完整性承本公司董事会及全体董事保证本公告内容不存在任何虚假记载、误导性陈述或者重大遗漏，并对其内容的真实性、准确性和完整性承
本公司董事会及全体董事保证本公告内容不存在任何虚假记载、误导性陈述或者重大遗漏，并对其内容的真实性、准确性和完整性承本公司董事会及全体董事保证本公告内容不存在任何虚假记载、误导性陈述或者重大遗漏，并对其内容的真实性、准确性和完整性承本公司董事会及全体董事保证本公告内容不存在任何虚假记载、误导性陈述或者重大遗漏，并对其内容的真实性、准确性和完整性承本公司董事会及全体董事保证本公告内容不存在任何虚假记载、误导性陈述或者重大遗漏，并对其内容的真实性、准确性和完整性承本公司董事会及全体董事保证本公告内容不存在任何虚假记载、误导性陈述或者重大遗漏，并对其内容的真实性、准确性和完整性承
本公司董事会及全体董事保证本公告内容不存在任何虚假记载、误导性陈述或者重大遗漏，并对其内容的真实性、准确性和完整性承本公司董事会及全体董事保证本公告内容不存在任何虚假记载、误导性陈述或者重大遗漏，并对其内容的真实性、准确性和完整性承本公司董事会及全体董事保证本公告内容不存在任何虚假记载、误导性陈述或者重大遗漏，并对其内容的真实性、准确性和完整性承本公司董事会及全体董事保证本公告内容不存在任何虚假记载、误导性陈述或者重大遗漏，并对其内容的真实性、准确性和完整性承本公司董事会及全体董事保证本公告内容不存在任何虚假记载、误导性陈述或者重大遗漏，并对其内容的真实性、准确性和完整性承
本公司董事会及全体董事保证本公告内容不存在任何虚假记载、误导性陈述或者重大遗漏，并对其内容的真实性、准确性和完整性承本公司董事会及全体董事保证本公告内容不存在任何虚假记载、误导性陈述或者重大遗漏，并对其内容的真实性、准确性和完整性承本公司董事会及全体董事保证本公告内容不存在任何虚假记载、误导性陈述或者重大遗漏，并对其内容的真实性、准确性和完整性承本公司董事会及全体董事保证本公告内容不存在任何虚假记载、误导性陈述或者重大遗漏，并对其内容的真实性、准确性和完整性承本公司董事会及全体董事保证本公告内容不存在任何虚假记载、误导性陈述或者重大遗漏，并对其内容的真实性、准确性和完整性承
本公司董事会及全体董事保证本公告内容不存在任何虚假记载、误导性陈述或者重大遗漏，并对其内容的真实性、准确性和完整性承本公司董事会及全体董事保证本公告内容不存在任何虚假记载、误导性陈述或者重大遗漏，并对其内容的真实性、准确性和完整性承本公司董事会及全体董事保证本公告内容不存在任何虚假记载、误导性陈述或者重大遗漏，并对其内容的真实性、准确性和完整性承本公司董事会及全体董事保证本公告内容不存在任何虚假记载、误导性陈述或者重大遗漏，并对其内容的真实性、准确性和完整性承本公司董事会及全体董事保证本公告内容不存在任何虚假记载、误导性陈述或者重大遗漏，并对其内容的真实性、准确性和完整性承
本公司董事会及全体董事保证本公告内容不存在任何虚假记载、误导性陈述或者重大遗漏，并对其内容的真实性、准确性和完整性承本公司董事会及全体董事保证本公告内容不存在任何虚假记载、误导性陈述或者重大遗漏，并对其内容的真实性、准确性和完整性承本公司董事会及全体董事保证本公告内容不存在任何虚假记载、误导性陈述或者重大遗漏，并对其内容的真实性、准确性和完整性承本公司董事会及全体董事保证本公告内容不存在任何虚假记载、误导性陈述或者重大遗漏，并对其内容的真实性、准确性和完整性承本公司董事会及全体董事保证本公告内容不存在任何虚假记载、误导性陈述或者重大遗漏，并对其内容的真实性、准确性和完整性承
本公司董事会及全体董事保证本公告内容不存在任何虚假记载、误导性陈述或者重大遗漏，并对其内容的真实性、准确性和完整性承本公司董事会及全体董事保证本公告内容不存在任何虚假记载、误导性陈述或者重大遗漏，并对其内容的真实性、准确性和完整性承本公司董事会及全体董事保证本公告内容不存在任何虚假记载、误导性陈述或者重大遗漏，并对其内容的真实性、准确性和完整性承本公司董事会及全体董事保证本公告内容不存在任何虚假记载、误导性陈述或者重大遗漏，并对其内容的真实性、准确性和完整性承本公司董事会及全体董事保证本公告内容不存在任何虚假记载、误导性陈述或者重大遗漏，并对其内容的真实性、准确性和完整性承
本公司董事会及全体董事保证本公告内容不存在任何虚假记载、误导性陈述或者重大遗漏，并对其内容的真实性、准确性和完整性承本公司董事会及全体董事保证本公告内容不存在任何虚假记载、误导性陈述或者重大遗漏，并对其内容的真实性、准确性和完整性承本公司董事会及全体董事保证本公告内容不存在任何虚假记载、误导性陈述或者重大遗漏，并对其内容的真实性、准确性和完整性承本公司董事会及全体董事保证本公告内容不存在任何虚假记载、误导性陈述或者重大遗漏，并对其内容的真实性、准确性和完整性承本公司董事会及全体董事保证本公告内容不存在任何虚假记载、误导性陈述或者重大遗漏，并对其内容的真实性、准确性和完整性承
本公司董事会及全体董事保证本公告内容不存在任何虚假记载、误导性陈述或者重大遗漏，并对其内容的真实性、准确性和完整性承本公司董事会及全体董事保证本公告内容不存在任何虚假记载、误导性陈述或者重大遗漏，并对其内容的真实性、准确性和完整性承本公司董事会及全体董事保证本公告内容不存在任何虚假记载、误导性陈述或者重大遗漏，并对其内容的真实性、准确性和完整性承本公司董事会及全体董事保证本公告内容不存在任何虚假记载、误导性陈述或者重大遗漏，并对其内容的真实性、准确性和完整性承本公司董事会及全体董事保证本公告内容不存在任何虚假记载、误导性陈述或者重大遗漏，并对其内容的真实性、准确性和完整性承

本公司董事会及全体董事保证本公告内容不存在任何虚假记载、误导性陈述或者重大遗漏，并对其内容的真实性、准确性和完整性承本公司董事会及全体董事保证本公告内容不存在任何虚假记载、误导性陈述或者重大遗漏，并对其内容的真实性、准确性和完整性承本公司董事会及全体董事保证本公告内容不存在任何虚假记载、误导性陈述或者重大遗漏，并对其内容的真实性、准确性和完整性承本公司董事会及全体董事保证本公告内容不存在任何虚假记载、误导性陈述或者重大遗漏，并对其内容的真实性、准确性和完整性承本公司董事会及全体董事保证本公告内容不存在任何虚假记载、误导性陈述或者重大遗漏，并对其内容的真实性、准确性和完整性承
本公司董事会及全体董事保证本公告内容不存在任何虚假记载、误导性陈述或者重大遗漏，并对其内容的真实性、准确性和完整性承本公司董事会及全体董事保证本公告内容不存在任何虚假记载、误导性陈述或者重大遗漏，并对其内容的真实性、准确性和完整性承本公司董事会及全体董事保证本公告内容不存在任何虚假记载、误导性陈述或者重大遗漏，并对其内容的真实性、准确性和完整性承本公司董事会及全体董事保证本公告内容不存在任何虚假记载、误导性陈述或者重大遗漏，并对其内容的真实性、准确性和完整性承本公司董事会及全体董事保证本公告内容不存在任何虚假记载、误导性陈述或者重大遗漏，并对其内容的真实性、准确性和完整性承
本公司董事会及全体董事保证本公告内容不存在任何虚假记载、误导性陈述或者重大遗漏，并对其内容的真实性、准确性和完整性承本公司董事会及全体董事保证本公告内容不存在任何虚假记载、误导性陈述或者重大遗漏，并对其内容的真实性、准确性和完整性承本公司董事会及全体董事保证本公告内容不存在任何虚假记载、误导性陈述或者重大遗漏，并对其内容的真实性、准确性和完整性承本公司董事会及全体董事保证本公告内容不存在任何虚假记载、误导性陈述或者重大遗漏，并对其内容的真实性、准确性和完整性承本公司董事会及全体董事保证本公告内容不存在任何虚假记载、误导性陈述或者重大遗漏，并对其内容的真实性、准确性和完整性承
本公司董事会及全体董事保证本公告内容不存在任何虚假记载、误导性陈述或者重大遗漏，并对其内容的真实性、准确性和完整性承本公司董事会及全体董事保证本公告内容不存在任何虚假记载、误导性陈述或者重大遗漏，并对其内容的真实性、准确性和完整性承本公司董事会及全体董事保证本公告内容不存在任何虚假记载、误导性陈述或者重大遗漏，并对其内容的真实性、准确性和完整性承本公司董事会及全体董事保证本公告内容不存在任何虚假记载、误导性陈述或者重大遗漏，并对其内容的真实性、准确性和完整性承本公司董事会及全体董事保证本公告内容不存在任何虚假记载、误导性陈述或者重大遗漏，并对其内容的真实性、准确性和完整性承
本公司董事会及全体董事保证本公告内容不存在任何虚假记载、误导性陈述或者重大遗漏，并对其内容的真实性、准确性和完整性承本公司董事会及全体董事保证本公告内容不存在任何虚假记载、误导性陈述或者重大遗漏，并对其内容的真实性、准确性和完整性承本公司董事会及全体董事保证本公告内容不存在任何虚假记载、误导性陈述或者重大遗漏，并对其内容的真实性、准确性和完整性承本公司董事会及全体董事保证本公告内容不存在任何虚假记载、误导性陈述或者重大遗漏，并对其内容的真实性、准确性和完整性承本公司董事会及全体董事保证本公告内容不存在任何虚假记载、误导性陈述或者重大遗漏，并对其内容的真实性、准确性和完整性承
本公司董事会及全体董事保证本公告内容不存在任何虚假记载、误导性陈述或者重大遗漏，并对其内容的真实性、准确性和完整性承本公司董事会及全体董事保证本公告内容不存在任何虚假记载、误导性陈述或者重大遗漏，并对其内容的真实性、准确性和完整性承本公司董事会及全体董事保证本公告内容不存在任何虚假记载、误导性陈述或者重大遗漏，并对其内容的真实性、准确性和完整性承本公司董事会及全体董事保证本公告内容不存在任何虚假记载、误导性陈述或者重大遗漏，并对其内容的真实性、准确性和完整性承本公司董事会及全体董事保证本公告内容不存在任何虚假记载、误导性陈述或者重大遗漏，并对其内容的真实性、准确性和完整性承
本公司董事会及全体董事保证本公告内容不存在任何虚假记载、误导性陈述或者重大遗漏，并对其内容的真实性、准确性和完整性承本公司董事会及全体董事保证本公告内容不存在任何虚假记载、误导性陈述或者重大遗漏，并对其内容的真实性、准确性和完整性承本公司董事会及全体董事保证本公告内容不存在任何虚假记载、误导性陈述或者重大遗漏，并对其内容的真实性、准确性和完整性承本公司董事会及全体董事保证本公告内容不存在任何虚假记载、误导性陈述或者重大遗漏，并对其内容的真实性、准确性和完整性承本公司董事会及全体董事保证本公告内容不存在任何虚假记载、误导性陈述或者重大遗漏，并对其内容的真实性、准确性和完整性承
本公司董事会及全体董事保证本公告内容不存在任何虚假记载、误导性陈述或者重大遗漏，并对其内容的真实性、准确性和完整性承本公司董事会及全体董事保证本公告内容不存在任何虚假记载、误导性陈述或者重大遗漏，并对其内容的真实性、准确性和完整性承本公司董事会及全体董事保证本公告内容不存在任何虚假记载、误导性陈述或者重大遗漏，并对其内容的真实性、准确性和完整性承本公司董事会及全体董事保证本公告内容不存在任何虚假记载、误导性陈述或者重大遗漏，并对其内容的真实性、准确性和完整性承本公司董事会及全体董事保证本公告内容不存在任何虚假记载、误导性陈述或者重大遗漏，并对其内容的真实性、准确性和完整性承
本公司董事会及全体董事保证本公告内容不存在任何虚假记载、误导性陈述或者重大遗漏，并对其内容的真实性、准确性和完整性承本公司董事会及全体董事保证本公告内容不存在任何虚假记载、误导性陈述或者重大遗漏，并对其内容的真实性、准确性和完整性承本公司董事会及全体董事保证本公告内容不存在任何虚假记载、误导性陈述或者重大遗漏，并对其内容的真实性、准确性和完整性承本公司董事会及全体董事保证本公告内容不存在任何虚假记载、误导性陈述或者重大遗漏，并对其内容的真实性、准确性和完整性承本公司董事会及全体董事保证本公告内容不存在任何虚假记载、误导性陈述或者重大遗漏，并对其内容的真实性、准确性和完整性承
本公司董事会及全体董事保证本公告内容不存在任何虚假记载、误导性陈述或者重大遗漏，并对其内容的真实性、准确性和完整性承本公司董事会及全体董事保证本公告内容不存在任何虚假记载、误导性陈述或者重大遗漏，并对其内容的真实性、准确性和完整性承本公司董事会及全体董事保证本公告内容不存在任何虚假记载、误导性陈述或者重大遗漏，并对其内容的真实性、准确性和完整性承本公司董事会及全体董事保证本公告内容不存在任何虚假记载、误导性陈述或者重大遗漏，并对其内容的真实性、准确性和完整性承本公司董事会及全体董事保证本公告内容不存在任何虚假记载、误导性陈述或者重大遗漏，并对其内容的真实性、准确性和完整性承
本公司董事会及全体董事保证本公告内容不存在任何虚假记载、误导性陈述或者重大遗漏，并对其内容的真实性、准确性和完整性承本公司董事会及全体董事保证本公告内容不存在任何虚假记载、误导性陈述或者重大遗漏，并对其内容的真实性、准确性和完整性承本公司董事会及全体董事保证本公告内容不存在任何虚假记载、误导性陈述或者重大遗漏，并对其内容的真实性、准确性和完整性承本公司董事会及全体董事保证本公告内容不存在任何虚假记载、误导性陈述或者重大遗漏，并对其内容的真实性、准确性和完整性承本公司董事会及全体董事保证本公告内容不存在任何虚假记载、误导性陈述或者重大遗漏，并对其内容的真实性、准确性和完整性承
本公司董事会及全体董事保证本公告内容不存在任何虚假记载、误导性陈述或者重大遗漏，并对其内容的真实性、准确性和完整性承本公司董事会及全体董事保证本公告内容不存在任何虚假记载、误导性陈述或者重大遗漏，并对其内容的真实性、准确性和完整性承本公司董事会及全体董事保证本公告内容不存在任何虚假记载、误导性陈述或者重大遗漏，并对其内容的真实性、准确性和完整性承本公司董事会及全体董事保证本公告内容不存在任何虚假记载、误导性陈述或者重大遗漏，并对其内容的真实性、准确性和完整性承本公司董事会及全体董事保证本公告内容不存在任何虚假记载、误导性陈述或者重大遗漏，并对其内容的真实性、准确性和完整性承
本公司董事会及全体董事保证本公告内容不存在任何虚假记载、误导性陈述或者重大遗漏，并对其内容的真实性、准确性和完整性承本公司董事会及全体董事保证本公告内容不存在任何虚假记载、误导性陈述或者重大遗漏，并对其内容的真实性、准确性和完整性承本公司董事会及全体董事保证本公告内容不存在任何虚假记载、误导性陈述或者重大遗漏，并对其内容的真实性、准确性和完整性承本公司董事会及全体董事保证本公告内容不存在任何虚假记载、误导性陈述或者重大遗漏，并对其内容的真实性、准确性和完整性承本公司董事会及全体董事保证本公告内容不存在任何虚假记载、误导性陈述或者重大遗漏，并对其内容的真实性、准确性和完整性承
本公司董事会及全体董事保证本公告内容不存在任何虚假记载、误导性陈述或者重大遗漏，并对其内容的真实性、准确性和完整性承本公司董事会及全体董事保证本公告内容不存在任何虚假记载、误导性陈述或者重大遗漏，并对其内容的真实性、准确性和完整性承本公司董事会及全体董事保证本公告内容不存在任何虚假记载、误导性陈述或者重大遗漏，并对其内容的真实性、准确性和完整性承本公司董事会及全体董事保证本公告内容不存在任何虚假记载、误导性陈述或者重大遗漏，并对其内容的真实性、准确性和完整性承本公司董事会及全体董事保证本公告内容不存在任何虚假记载、误导性陈述或者重大遗漏，并对其内容的真实性、准确性和完整性承
本公司董事会及全体董事保证本公告内容不存在任何虚假记载、误导性陈述或者重大遗漏，并对其内容的真实性、准确性和完整性承本公司董事会及全体董事保证本公告内容不存在任何虚假记载、误导性陈述或者重大遗漏，并对其内容的真实性、准确性和完整性承本公司董事会及全体董事保证本公告内容不存在任何虚假记载、误导性陈述或者重大遗漏，并对其内容的真实性、准确性和完整性承本公司董事会及全体董事保证本公告内容不存在任何虚假记载、误导性陈述或者重大遗漏，并对其内容的真实性、准确性和完整性承本公司董事会及全体董事保证本公告内容不存在任何虚假记载、误导性陈述或者重大遗漏，并对其内容的真实性、准确性和完整性承
本公司董事会及全体董事保证本公告内容不存在任何虚假记载、误导性陈述或者重大遗漏，并对其内容的真实性、准确性和完整性承本公司董事会及全体董事保证本公告内容不存在任何虚假记载、误导性陈述或者重大遗漏，并对其内容的真实性、准确性和完整性承本公司董事会及全体董事保证本公告内容不存在任何虚假记载、误导性陈述或者重大遗漏，并对其内容的真实性、准确性和完整性承本公司董事会及全体董事保证本公告内容不存在任何虚假记载、误导性陈述或者重大遗漏，并对其内容的真实性、准确性和完整性承本公司董事会及全体董事保证本公告内容不存在任何虚假记载、误导性陈述或者重大遗漏，并对其内容的真实性、准确性和完整性承
本公司董事会及全体董事保证本公告内容不存在任何虚假记载、误导性陈述或者重大遗漏，并对其内容的真实性、准确性和完整性承本公司董事会及全体董事保证本公告内容不存在任何虚假记载、误导性陈述或者重大遗漏，并对其内容的真实性、准确性和完整性承本公司董事会及全体董事保证本公告内容不存在任何虚假记载、误导性陈述或者重大遗漏，并对其内容的真实性、准确性和完整性承本公司董事会及全体董事保证本公告内容不存在任何虚假记载、误导性陈述或者重大遗漏，并对其内容的真实性、准确性和完整性承本公司董事会及全体董事保证本公告内容不存在任何虚假记载、误导性陈述或者重大遗漏，并对其内容的真实性、准确性和完整性承
本公司董事会及全体董事保证本公告内容不存在任何虚假记载、误导性陈述或者重大遗漏，并对其内容的真实性、准确性和完整性承本公司董事会及全体董事保证本公告内容不存在任何虚假记载、误导性陈述或者重大遗漏，并对其内容的真实性、准确性和完整性承本公司董事会及全体董事保证本公告内容不存在任何虚假记载、误导性陈述或者重大遗漏，并对其内容的真实性、准确性和完整性承本公司董事会及全体董事保证本公告内容不存在任何虚假记载、误导性陈述或者重大遗漏，并对其内容的真实性、准确性和完整性承本公司董事会及全体董事保证本公告内容不存在任何虚假记载、误导性陈述或者重大遗漏，并对其内容的真实性、准确性和完整性承
本公司董事会及全体董事保证本公告内容不存在任何虚假记载、误导性陈述或者重大遗漏，并对其内容的真实性、准确性和完整性承本公司董事会及全体董事保证本公告内容不存在任何虚假记载、误导性陈述或者重大遗漏，并对其内容的真实性、准确性和完整性承本公司董事会及全体董事保证本公告内容不存在任何虚假记载、误导性陈述或者重大遗漏，并对其内容的真实性、准确性和完整性承本公司董事会及全体董事保证本公告内容不存在任何虚假记载、误导性陈述或者重大遗漏，并对其内容的真实性、准确性和完整性承本公司董事会及全体董事保证本公告内容不存在任何虚假记载、误导性陈述或者重大遗漏，并对其内容的真实性、准确性和完整性承
本公司董事会及全体董事保证本公告内容不存在任何虚假记载、误导性陈述或者重大遗漏，并对其内容的真实性、准确性和完整性承本公司董事会及全体董事保证本公告内容不存在任何虚假记载、误导性陈述或者重大遗漏，并对其内容的真实性、准确性和完整性承本公司董事会及全体董事保证本公告内容不存在任何虚假记载、误导性陈述或者重大遗漏，并对其内容的真实性、准确性和完整性承本公司董事会及全体董事保证本公告内容不存在任何虚假记载、误导性陈述或者重大遗漏，并对其内容的真实性、准确性和完整性承本公司董事会及全体董事保证本公告内容不存在任何虚假记载、误导性陈述或者重大遗漏，并对其内容的真实性、准确性和完整性承
本公司董事会及全体董事保证本公告内容不存在任何虚假记载、误导性陈述或者重大遗漏，并对其内容的真实性、准确性和完整性承本公司董事会及全体董事保证本公告内容不存在任何虚假记载、误导性陈述或者重大遗漏，并对其内容的真实性、准确性和完整性承本公司董事会及全体董事保证本公告内容不存在任何虚假记载、误导性陈述或者重大遗漏，并对其内容的真实性、准确性和完整性承本公司董事会及全体董事保证本公告内容不存在任何虚假记载、误导性陈述或者重大遗漏，并对其内容的真实性、准确性和完整性承本公司董事会及全体董事保证本公告内容不存在任何虚假记载、误导性陈述或者重大遗漏，并对其内容的真实性、准确性和完整性承
证券代码：603855 证券简称：长园集团 公告编号：2022100
长园科技集团股份有限公司
关于召开 2022 年第七次临时
股东大会的通知
本公司董事会及全体董事保证本公告内容不存在任何虚假记载、误导性陈述或者重大遗漏，并对其内容的真实性、准确性和完整性承本公司董事会及全体董事保证本公告内容不存在任何虚假记载、误导性陈述或者重大遗漏，并对其内容的真实性、准确性和完整性承本公司董事会及全体董事保证本公告内容不存在任何虚假记载、误导性陈述或者重大遗漏，并对其内容的真实性、准确性和完整性承本公司董事会及全体董事保证本公告内容不存在任何虚假记载、误导性陈述或者重大遗漏，并对其内容的真实性、准确性和完整性承
本公司董事会及全体董事保证本公告内容不存在任何虚假记载、误导性陈述或者重大遗漏，并对其内容的真实性、准确性和完整性承本公司董事会及全体董事保证本公告内容不存在任何虚假记载、误导性陈述或者重大遗漏，并对其内容的真实性、准确性和完整性承本公司董事会及全体董事保证本公告内容不存在任何虚假记载、误导性陈述或者重大遗漏，并对其内容的真实性、准确性和完整性承本公司董事会及全体董事保证本公告内容不存在任何虚假记载、误导性陈述或者重大遗漏，并对其内容的真实性、准确性和完整性承
本公司董事会及全体董事保证本公告内容不存在任何虚假记载、误导性陈述或者重大遗漏，并对其内容的真实性、准确性和完整性承本公司董事会及全体董事保证本公告内容不存在任何虚假记载、误导性陈述或者重大遗漏，并对其内容的真实性、准确性和完整性承本公司董事会及全体董事保证本公告内容不存在任何虚假记载、误导性陈述或者重大遗漏，并对其内容的真实性、准确性和完整性承本公司董事会及全体董事保证本公告内容不存在任何虚假记载、误导性陈述或者重大遗漏，并对其内容的真实性、准确性和完整性承
本公司董事会及全体董事保证本公告内容不存在任何虚假记载、误导性陈述或者重大遗漏，并对其内容的真实性、准确性和完整性承本公司董事会及全体董事保证本公告内容不存在任何虚假记载、误导性陈述或者重大遗漏，并对其内容的真实性、准确性和完整性承本公司董事会及全体董事保证本公告内容不存在任何虚假记载、误导性陈述或者重大遗漏，并对其内容的真实性、准确性和完整性承本公司董事会及全体董事保证本公告内容不存在任何虚假记载、误导性陈述或者重大遗漏，并对其内容的真实性、准确性和完整性承
本公司董事会及全体董事保证本公告内容不存在任何虚假记载、误导性陈述或者重大遗漏，并对其内容的真实性、准确性和完整性承本公司董事会及全体董事保证本公告内容不存在任何虚假记载、误导性陈述或者重大遗漏，并对其内容的真实性、准确性和完整性承本公司董事会及全体董事保证本公告内容不存在任何虚假记载、误导性陈述或者重大遗漏，并对其内容的真实性、准确性和完整性承本公司董事会及全体董事保证本公告内容不存在任何虚假记载、误导性陈述或者重大遗漏，并对其内容的真实性、准确性和完整性承

本公司董事会及全体董事保证本公告内容不存在任何虚假记载、误导性陈述或者重大遗漏，并对其内容的真实性、准确性和完整性承本公司董事会及全体董事保证本公告内容不存在任何虚假记载、误导性陈述或者重大遗漏，并对其内容的真实性、准确性和完整性承本公司董事会及全体董事保证本公告内容不存在任何虚假记载、误导性陈述或者重大遗漏，并对其内容的真实性、准确性和完整性承本公司董事会及全体董事保证本公告内容不存在任何虚假记载、误导性陈述或者重大遗漏，并对其内容的真实性、准确性和完整性承
本公司董事会及全体董事保证本公告内容不存在任何虚假记载、误导性陈述或者重大遗漏，并对其内容的真实性、准确性和完整性承本公司董事会及全体董事保证本公告内容不存在任何虚假记载、误导性陈述或者重大遗漏，并对其内容的真实性、准确性和完整性承本公司董事会及全体董事保证本公告内容不存在任何虚假记载、误导性陈述或者重大遗漏，并对其内容的真实性、准确性和完整性承本公司董事会及全体董事保证本公告内容不存在任何虚假记载、误导性陈述或者重大遗漏，并对其内容的真实性、准确性和完整性承
本公司董事会及全体董事保证本公告内容不存在任何虚假记载、误导性陈述或者重大遗漏，并对其内容的真实性、准确性和完整性承本公司董事会及全体董事保证本公告内容不存在任何虚假记载、误导性陈述或者重大遗漏，并对其内容的真实性、准确性和完整性承本公司董事会及全体董事保证本公告内容不存在任何虚假记载、误导性陈述或者重大遗漏，并对其内容的真实性、准确性和完整性承本公司董事会及全体董事保证本公告内容不存在任何虚假记载、误导性陈述或者重大遗漏，并对其内容的真实性、准确性和完整性承
本公司董事会及全体董事保证本公告内容不存在任何虚假记载、误导性陈述或者重大遗漏，并对其内容的真实性、准确性和完整性承本公司董事会及全体董事保证本公告内容不存在任何虚假记载、误导性陈述或者重大遗漏，并对其内容的真实性、准确性和完整性承本公司董事会及全体董事保证本公告内容不存在任何虚假记载、误导性陈述或者重大遗漏，并对其内容的真实性、准确性和完整性承本公司董事会及全体董事保证本公告内容不存在任何虚假记载、误导性陈述或者重大遗漏，并对其内容的真实性、准确性和完整性承
本公司董事会及全体董事保证本公告内容不存在任何虚假记载、误导性陈述或者重大遗漏，并对其内容的真实性、准确性和完整性承本公司董事会及全体董事保证本公告内容不存在任何虚假记载、误导性陈述或者重大遗漏，并对其内容的真实性、准确性和完整性承本公司董事会及全体董事保证本公告内容不存在任何虚假记载、误导性陈述或者重大遗漏，并对其内容的真实性、准确性和完整性承本公司董事会及全体董事保证本公告内容不存在任何虚假记载、误导性陈述或者重大遗漏，并对其内容的真实性、准确性和完整性承
本公司董事会及全体董事保证本公告内容不存在任何虚假记载、误导性陈述或者重大遗漏，并对其内容的真实性、准确性和完整性承本公司董事会及全体董事保证本公告内容不存在任何虚假记载、误导性陈述或者重大遗漏，并对其内容的真实性、准确性和完整性承本公司董事会及全体董事保证本公告内容不存在任何虚假记载、误导性陈述或者重大遗漏，并对其内容的真实性、准确性和完整性承本公司董事会及全体董事保证本公告内容不存在任何虚假记载、误导性陈述或者重大遗漏，并对其内容的真实性、准确性和完整性承
本公司董事会及全体董事保证本公告内容不存在任何虚假记载、误导性陈述或者重大遗漏，并对其内容的真实性、准确性和完整性承本公司董事会及全体董事保证本公告内容不存在任何虚假记载、误导性陈述或者重大遗漏，并对其内容的真实性、准确性和完整性承本公司董事会及全体董事保证本公告内容不存在任何虚假记载、误导性陈述或者重大遗漏，并对其内容的真实性、准确性和完整性承本公司董事会及全体董事保证本公告内容不存在任何虚假记载、误导性陈述或者重大遗漏，并对其内容的真实性、准确性和完整性承
本公司董事会及全体董事保证本公告内容不存在任何虚假记载、误导性陈述或者重大遗漏，并对其内容的真实性、准确性和完整性承本公司董事会及全体董事保证本公告内容不存在任何虚假记载、误导性陈述或者重大遗漏，并对其内容的真实性、准确性和完整性承本公司董事会及全体董事保证本公告内容不存在任何虚假记载、误导性陈述或者重大遗漏，并对其内容的真实性、准确性和完整性承本公司董事会及全体董事保证本公告内容不存在任何虚假记载、误导性陈述或者重大遗漏，并对其内容的真实性、准确性和完整性承
本公司董事会及全体董事保证本公告内容不存在任何虚假记载、误导性陈述或者重大遗漏，并对其内容的真实性、准确性和完整性承本公司董事会及全体董事保证本公告内容不存在任何虚假记载、误导性陈述或者重大遗漏，并对其内容的真实性、准确性和完整性承本公司董事会及全体董事保证本公告内容不存在任何虚假记载、误导性陈述或者重大遗漏，并对其内容的真实性、准确性和完整性承本公司董事会及全体董事保证本公告内容不存在任何虚假记载、误导性陈述或者重大遗漏，并对其内容的真实性、准确性和完整性承
本公司董事会及全体董事保证本公告内容不存在任何虚假记载、误导性陈述或者重大遗漏，并对其内容的真实性、准确性和完整性承本公司董事会及全体董事保证本公告内容不存在任何虚假记载、误导性陈述或者重大遗漏，并对其内容的真实性、准确性和完整性承本公司董事会及全体董事保证本公告内容不存在任何虚假记载、误导性陈述或者重大遗漏，并对其内容的真实性、准确性和完整性承本公司董事会及全体董事保证本公告内容不存在任何虚假记载、误导性陈述或者重大遗漏，并对其内容的真实性、准确性和完整性承
本公司董事会及全体董事保证本公告内容不存在任何虚假记载、误导性陈述或者重大遗漏，并对其内容的真实性、准确性和完整性承本公司董事会及全体董事保证本公告内容不存在任何虚假记载、误导性陈述或者重大遗漏，并对其内容的真实性、准确性和完整性承本公司董事会及全体董事保证本公告内容不存在任何虚假记载、误导性陈述或者重大遗漏，并对其内容的真实性、准确性和完整性承本公司董事会及全体董事保证本公告内容不存在任何虚假记载、误导性陈述或者重大遗漏，并对其内容的真实性、准确性和完整性承
本公司董事会及全体董事保证本公告内容不存在任何虚假记载、误导性陈述或者重大遗漏，并对其内容的真实性、准确性和完整性承本公司董事会及全体董事保证本公告内容不存在任何虚假记载、误导性陈述或者重大遗漏，并对其内容的真实性、准确性和完整性承本公司董事会及全体董事保证本公告内容不存在任何虚假记载、误导性陈述或者重大遗漏，并对其内容的真实性、准确性和完整性承本公司董事会及全体董事保证本公告内容不存在任何虚假记载、误导性陈述或者重大遗漏，并对其内容的真实性、准确性和完整性承
本公司董事会及全体董事保证本公告内容不存在任何虚假记载、误导性陈述或者重大遗漏，并对其内容的真实性、准确性和完整性承本公司董事会及全体董事保证本公告内容不存在任何虚假记载、误导性陈述或者重大遗漏，并对其内容的真实性、准确性和完整性承本公司董事会及全体董事保证本公告内容不存在任何虚假记载、误导性陈述或者重大遗漏，并对其内容的真实性、准确性和完整性承本公司董事会及全体董事保证本公告内容不存在任何虚假记载、误导性陈述或者重大遗漏，并对其内容的真实性、准确性和完整性承
长园科技集团股份有限公司董事会 2022年10月29日
证券代码：603855 证券简称：长园集团 公告编号：2022101
长园科技集团股份有限公司
第八届监事会第十二次会议决议公告
本公司董事会及全体董事保证本公告内容不存在任何虚假记载、误导性陈述或者重大遗漏，并对其内容的真实性、准确性和完整性承本公司董事会及全体董事保证本公告内容不存在任何虚假记载、误导性陈述或者重大遗漏，并对其内容的真实性、准确性和完整性承本公司董事会及全体董事保证本公告内容不存在任何虚假记载、误导性陈述或者重大遗漏，并对其内容的真实性、准确性和完整性承本公司董事会及全体董事保证本公告内容不存在任何虚假记载、误导性陈述或者重大遗漏，并对其内容的真实性、准确性和完整性承
本公司董事会及全体董事保证本公告内容不存在任何虚假记载、误导性陈述或者重大遗漏，并对其内容的真实性、准确性和完整性承本公司董事会及全体董事保证本公告内容不存在任何虚假记载、误导性陈述或者重大遗漏，并对其内容的真实性、准确性和完整性承本公司董事会及全体董事保证本公告内容不存在任何虚假记载、误导性陈述或者重大遗漏，并对其内容的真实性、准确性和完整性承本公司董事会及全体董事保证本公告内容不存在任何虚假记载、误导性陈述或者重大遗漏，并对其内容的真实性、准确性和完整性承
本公司董事会及全体董事保证本公告内容不存在任何虚假记载、误导性陈述或者重大遗漏，并对其内容的真实性、准确性和完整性承本公司董事会及全体董事保证本公告内容不存在任何虚假记载、误导性陈述或者重大遗漏，并对其内容的真实性、准确性和完整性承本公司董事会及全体董事保证本公告内容不存在任何虚假记载、误导性陈述或者重大遗漏，并对其内容的真实性、准确性和完整性承本公司董事会及全体董事保证本公告内容不存在任何虚假记载、误导性陈述或者重大遗漏，并对其内容的真实性、准确性和完整性承
本公司董事会及全体董事保证本公告内容不存在任何虚假记载、误导性陈述或者重大遗漏，并对其内容的真实性、准确性和完整性承本公司董事会及全体董事保证本公告内容不存在任何虚假记载、误导性陈述或者重大遗漏，并对其内容的真实性、准确性和完整性承本公司董事会及全体董事保证本公告内容不存在任何虚假记载、误导性陈述或者重大遗漏，并对其内容的真实性、准确性和完整性承本公司董事会及全体董事保证本公告内容不存在任何虚假记载、误导性陈述或者重大遗漏，并对其内容的真实性、准确性和完整性承
本公司董事会及全体董事保证本公告内容不存在任何虚假记载、误导性陈述或者重大遗漏，并对其内容的真实性、准确性和完整性承本公司董事会及全体董事保证本公告内容不存在任何虚假记载、误导性陈述或者重大遗漏，并对其内容的真实性、准确性和完整性承本公司董事会及全体董事保证本公告内容不存在任何虚假记载、误导性陈述或者重大遗漏，并对其内容的真实性、准确性和完整性承本公司董事会及全体董事保证本公告内容不存在任何虚假记载、误导性陈述或者重大遗漏，并对其内容的真实性、准确性和完整性承
本公司董事会及全体董事保证本公告内容不存在任何虚假记载、误导性陈述或者重大遗漏，并对其内容的真实性、准确性和完整性承本公司董事会及全体董事保证本公告内容不存在任何虚假记载、误导性陈述或者重大遗漏，并对其内容的真实性、准确性和完整性承本公司董事会及全体董事保证本公告内容不存在任何虚假记载、误导性陈述或者重大遗漏，并对其内容的真实性、准确性和完整性承本公司董事会及全体董事保证本公告内容不存在任何虚假记载、误导性陈述或者重大遗漏，并对其内容的真实性、准确性和完整性承
本公司董事会及全体董事保证本公告内容不存在任何虚假记载、误导性陈述或者重大遗漏，并对其内容的真实性、准确性和完整性承本公司董事会及全体董事保证本公告内容不存在任何虚假记载、误导性陈述或者重大遗漏，并对其内容的真实性、准确性和完整性承本公司董事会及全体董事保证本公告内容不存在任何虚假记载、误导性陈述或者重大遗漏，并对其内容的真实性、准确性和完整性承本公司董事会及全体董事保证本公告内容不存在任何虚假记载、误导性陈述或者重大遗漏，并对其内容的真实性、准确性和完整性承
本公司董事会及全体董事保证本公告内容不存在任何虚假记载、误导性陈述或者重大遗漏，并对其内容的真实性、准确性和完整性承本公司董事会及全体董事保证本公告内容不存在任何虚假记载、误导性陈述或者重大遗漏，并对其内容的真实性、准确性和完整性承本公司董事会及全体董事保证本公告内容不存在任何虚假记载、误导性陈述或者重大遗漏，并对其内容的真实性、准确性和完整性承本公司董事会及全体董事保证本公告内容不存在任何虚假记载、误导性陈述或者重大遗漏，并对其内容的真实性、准确性和完整性承
本公司董事会及全体董事保证本公告内容不存在任何虚假记载、误导性陈述或者重大遗漏，并对其内容的真实性、准确性和完整性承本公司董事会及全体董事保证本公告内容不存在任何虚假记载、误导性陈述或者重大遗漏，并对其内容的真实性、准确性和完整性承本公司董事会及全体董事保证本公告内容不存在任何虚假记载、误导性陈述或者重大遗漏，并对其内容的真实性、准确性和完整性承本公司董事会及全体董事保证本公告内容不存在任何虚假记载、误导性陈述或者重大遗漏，并对其内容的真实性、准确性和完整性承
本公司董事会及全体董事保证本公告内容不存在任何虚假记载、误导性陈述或者重大遗漏，并对其内容的真实性、准确性和完整性承本公司董事会及全体董事保证本公告内容不存在任何虚假记载、误导性陈述或者重大遗漏，并对其内容的真实性、准确性和完整性承本公司董事会及全体董事保证本公告内容不存在任何虚假记载、误导性陈述或者重大遗漏，并对其内容的真实性、准确性和完整性承本公司董事会及全体董事保证本公告内容不存在任何虚假记载、误导性陈述或者重大遗漏，并对其内容的真实性、准确性和完整性承
本公司董事会及全体董事保证本公告内容不存在任何虚假记载、误导性陈述或者重大遗漏，并对其内容的真实性、准确性和完整性承本公司董事会及全体董事保证本公告内容不存在任何虚假记载、误导性陈述或者重大遗漏，并对其内容的真实性、准确性和完整性承本公司董事会及全体董事保证本公告内容不存在任何虚假记载、误导性陈述或者重大遗漏，并对其内容的真实性、准确性和完整性承本公司董事会及全体董事保证本公告内容不存在任何虚假记载、误导性陈述或者重大遗漏，并对其内容的真实性、准确性和完整性承
本公司董事会及全体董事保证本公告内容不存在任何虚假记载、误导性陈述或者重大遗漏，并对其内容的真实性、准确性和完整性承本公司董事会及全体董事保证本公告内容不存在任何虚假记载、误导性陈述或者重大遗漏，并对其内容的真实性、准确性和完整性承本公司董事会及全体董事保证本公告内容不存在任何虚假记载、误导性陈述或者重大遗漏，并对其内容的真实性、准确性和完整性承本公司董事会及全体董事保证本公告内容不存在任何虚假记载、误导性陈述或者重大遗漏，并对其内容的真实性、准确性和完整性承
本公司董事会及全体董事保证本公告内容不存在任何虚假记载、误导性陈述或者重大遗漏，并对其内容的真实性、准确性和完整性承本公司董事会及全体董事保证本公告内容不存在任何虚假记载、误导性陈述或者重大遗漏，并对其内容的真实性、准确性和完整性承本公司董事会及全体董事保证本公告内容不存在任何虚假记载、误导性陈述或者重大遗漏，并对其内容的真实性、准确性和完整性承本公司董事会及全体董事保证本公告内容不存在任何虚假记载、误导性陈述或者重大遗漏，并对其内容的真实性、准确性和完整性承
本公司董事会及全体董事保证本公告内容不存在任何虚假记载、误导性陈述或者重大遗漏，并对其内容的真实性、准确性和完整性承本公司董事会及全体董事保证本公告内容不存在任何虚假记载、误导性陈述或者重大遗漏，并对其内容的真实性、准确性和完整性承本公司董事会及全体董事保证本公告内容不存在任何虚假记载、误导性陈述或者重大遗漏，并对其内容的真实性、准确性和完整性承本公司董事会及全体董事保证本公告内容不存在任何虚假记载、误导性陈述或者重大遗漏，并对其内容的真实性、准确性和完整性承
本公司董事会及全体董事保证本公告内容不存在任何虚假记载、误导性陈述或者重大遗漏，并对其内容的真实性、准确性和完整性承本公司董事会及全体董事保证本公告内容不存在任何虚假记载、误导性陈述或者重大遗漏，并对其内容的真实性、准确性和完整性承本公司董事会及全体董事保证本公告内容不存在任何虚假记载、误导性陈述或者重大遗漏，并对其内容的真实性、准确性和完整性承本公司董事会及全体董事保证本公告内容不存在任何虚假记载、误导性陈述或者重大遗漏，并对其内容的真实性、准确性和完整性承
证券代码：603855 证券简称：长园集团 公告编号：2022102
长园科技集团股份有限公司
关于独立董事公开征集投票权的公告
本公司董事会及全体董事保证本公告内容不存在任何虚假记载、误导性陈述或者重大遗漏，并对其内容的真实性、准确性和完整性承本公司董事会及全体董事保证本公告内容不存在任何虚假记载、误导性陈述或者重大遗漏，并对其内容的真实性、准确性和完整性承本公司董事会及全体董事保证本公告内容不存在任何虚假记载、误导性陈述或者重大遗漏，并对其内容的真实性、准确性和完整性承本公司董事会及全体董事保证本公告内容不存在任何虚假记载、误导性陈述或者重大遗漏，并对其内容的真实性、准确性和完整性承
本公司董事会及全体董事保证本公告内容不存在任何虚假记载、误导性陈述或者重大遗漏，并对其内容的真实性、准确性和完整性承本公司董事会及全体董事保证本公告内容不存在任何虚假记载、误导性陈述或者重大遗漏，并对其内容的真实性、准确性和完整性承本公司董事会及全体董事保证本公告内容不存在任何虚假记载、误导性陈述或者重大遗漏，并对其内容的真实性、准确性和完整性承本公司董事会及全体董事保证本公告内容不存在任何虚假记载、误导性陈述或者重大遗漏，并对其内容的真实性、准确性和完整性承
本公司董事会及全体董事保证本公告内容不存在任何虚假记载、误导性陈述或者重大遗漏，并对其内容的真实性、准确性和完整性承本公司董事会及全体董事保证本公告内容不存在任何虚假记载、误导性陈述或者重大遗漏，并对其内容的真实性、准确性和完整性承本公司董事会及全体董事保证本公告内容不存在任何虚假记载、误导性陈述或者重大遗漏，并对其内容的真实性、准确性和完整性承本公司董事会及全体董事保证本公告内容不存在任何虚假记载、误导性陈述或者重大遗漏，并对其内容的真实性、准确性和完整性承
本公司董事会及全体董事保证本公告内容不存在任何虚假记载、误导性陈述或者重大遗漏，并对其内容的真实性、准确性和完整性承本公司董事会及全体董事保证本公告内容不存在任何虚假记载、误导性陈述或者重大遗漏，并对其内容的真实性、准确性和完整性承本公司董事会及全体董事保证本公告内容不存在任何虚假记载、误导性陈述或者重大遗漏，并对其内容的真实性、准确性和完整性承本公司董事会及全体董事保证本公告内容不存在任何虚假记载、误导性陈述或者重大遗漏，并对其内容的真实性、准确性和完整性承

本公司董事会及全体董事保证本公告内容不存在任何虚假记载、误导性陈述或者重大遗漏，并对其内容的真实性、准确性和完整性承本公司董事会及全体董事保证本公告内容不存在任何虚假记载、误导性陈述或者重大遗漏，并对其内容的真实性、准确性和完整性承本公司董事会及全体董事保证本公告内容不存在任何虚假记载、误导性陈述或者重大遗漏，并对其内容的真实性、准确性和完整性承本公司董事会及全体董事保证本公告内容不存在任何虚假记载、误导性陈述或者重大遗漏，并对其内容的真实性、准确性和完整性承
本公司董事会及全体董事保证本公告内容不存在任何虚假记载、误导性陈述或者重大遗漏，并对其内容的真实性、准确性和完整性承本公司董事会及全体董事保证本公告内容不存在任何虚假记载、误导性陈述或者重大遗漏，并对其内容的真实性、准确性和完整性承本公司董事会及全体董事保证本公告内容不存在任何虚假记载、误导性陈述或者重大遗漏，并对其内容的真实性、准确性和完整性承本公司董事会及全体董事保证本公告内容不存在任何虚假记载、误导性陈述或者重大遗漏，并对其内容的真实性、准确性和完整性承
本公司董事会及全体董事保证本公告内容不存在任何虚假记载、误导性陈述或者重大遗漏，并对其内容的真实性、准确性和完整性承本公司董事会及全体董事保证本公告内容不存在任何虚假记载、误导性陈述或者重大遗漏，并对其内容的真实性、准确性和完整性承本公司董事会及全体董事保证本公告内容不存在任何虚假记载、误导性陈述或者重大遗漏，并对其内容的真实性、准确性和完整性承本公司董事会及全体董事保证本公告内容不存在任何虚假记载、误导性陈述或者重大遗漏，并对其内容的真实性、准确性和完整性承
本公司董事会及全体董事保证本公告内容不存在任何虚假记载、误导性陈述或者重大遗漏，并对其内容的真实性、准确性和完整性承本公司董事会及全体董事保证本公告内容不存在任何虚假记载、误导性陈述或者重大遗漏，并对其内容的真实性、准确性和完整性承本公司董事会及全体董事保证本公告内容不存在任何虚假记载、误导性陈述或者重大遗漏，并对其内容的真实性、准确性和完整性承本公司董事会及全体董事保证本公告内容不存在任何虚假记载、误导性陈述或者重大遗漏，并对其内容的真实性、准确性和完整性承
本公司董事会及全体董事保证本公告内容不存在任何虚假记载、误导性陈述或者重大遗漏，并对其内容的真实性、准确性和完整性承本公司董事会及全体董事保证本公告内容不存在任何虚假记载、误导性陈述或者重大遗漏，并对其内容的真实性、准确性和完整性承本公司董事会及全体董事保证本公告内容不存在任何虚假记载、误导性陈述或者重大遗漏，并对其内容的真实性、准确性和完整性承本公司董事会及全体董事保证本公告内容不存在任何虚假记载、误导性陈述或者重大遗漏，并对其内容的真实性、准确性和完整性承
本公司董事会及全体董事保证本公告内容不存在任何虚假记载、误导性陈述或者重大遗漏，并对其内容的真实性、准确性和完整性承本公司董事会及全体董事保证本公告内容不存在任何虚假记载、误导性陈述或者重大遗漏，并对其内容的真实性、准确性和完整性承本公司董事会及全体董事保证本公告内容不存在任何虚假记载、误导性陈述或者重大遗漏，并对其内容的真实性、准确性和完整性承本公司董事会及全体董事保证本公告内容不存在任何虚假记载、误导性陈述或者重大遗漏，并对其内容的真实性、准确性和完整性承
本公司董事会及全体董事保证本公告内容不存在任何虚假记载、误导性陈述或者重大遗漏，并对其内容的真实性、准确性和完整性承本公司董事会及全体董事保证本公告内容不存在任何虚假记载、误导性陈述或者重大遗漏，并对其内容的真实性、准确性和完整性承本公司董事会及全体董事保证本公告内容不存在任何虚假记载、误导性陈述或者重大遗漏，并对其内容的真实性、准确性和完整性承本公司董事会及全体董事保证本公告内容不存在任何虚假记载、误导性陈述或者重大遗漏，并对其内容的真实性、准确性和完整性承
本公司董事会及全体董事保证本公告内容不存在任何虚假记载、误导性陈述或者重大遗漏，并对其内容的真实性、准确性和完整性承本公司董事会及全体董事保证本公告内容不存在任何虚假记载、误导性陈述或者重大遗漏，并对其内容的真实性、准确性和完整性承本公司董事会及全体董事保证本公告内容不存在任何虚假记载、误导性陈述或者重大遗漏，并对其内容的真实性、准确性和完整性承本公司董事会及全体董事保证本公告内容不存在任何虚假记载、误导性陈述或者重大遗漏，并对其内容的真实性、准确性和完整性承
本公司董事会及全体董事保证本公告内容不存在任何虚假记载、误导性陈述或者重大遗漏，并对其内容的真实性、准确性和完整性承本公司董事会及全体董事保证本公告内容不存在任何虚假记载、误导性陈述或者重大遗漏，并对其内容的真实性、准确性和完整性承本公司董事会及全体董事保证本公告内容不存在任何虚假记载、误导性陈述或者重大遗漏，并对其内容的真实性、准确性和完整性承本公司董事会及全体董事保证本公告内容不存在任何虚假记载、误导性陈述或者重大遗漏，并对其内容的真实性、准确性和完整性承
本公司董事会及全体董事保证本公告内容不存在任何虚假记载、误导性陈述或者重大遗漏，并对其内容的真实性、准确性和完整性承本公司董事会及全体董事保证本公告内容不存在任何虚假记载、误导性陈述或者重大遗漏，并对其内容的真实性、准确性和完整性承本公司董事会及全体董事保证本公告内容不存在任何虚假记载、误导性陈述或者重大遗漏，并对其内容的真实性、准确性和完整性承本公司董事会及全体董事保证本公告内容不存在任何虚假记载、误导性陈述或者重大遗漏，并对其内容的真实性、准确性和完整性承
本公司董事会及全体董事保证本公告内容不存在任何虚假记载、误导性陈述或者重大遗漏，并对其内容的真实性、准确性和完整性承本公司董事会及全体董事保证本公告内容不存在任何虚假记载、误导性陈述或者重大遗漏，并对其内容的真实性、准确性和完整性承本公司董事会及全体董事保证本公告内容不存在任何虚假记载、误导性陈述或者重大遗漏，并对其内容的真实性、准确性和完整性承本公司董事会及全体董事保证本公告内容不存在任何虚假记载、误导性陈述或者重大遗漏，并对其内容的真实性、准确性和完整性承
本公司董事会及全体董事保证本公告内容不存在任何虚假记载、误导性陈述或者重大遗漏，并对其内容的真实性、准确性和完整性承本公司董事会及全体董事保证本公告内容不存在任何虚假记载、误导性陈述或者重大遗漏，并对其内容的真实性、准确性和完整性承本公司董事会及全体董事保证本公告内容不存在任何虚假记载、误导性陈述或者重大遗漏，并对其内容的真实性、准确性和完整性承本公司董事会及全体董事保证本公告内容不存在任何虚假记载、误导性陈述或者重大遗漏，并对其内容的真实性、准确性和完整性承
本公司董事会及全体董事保证本公告内容不存在任何虚假记载、误导性陈述或者重大遗漏，并对其内容的真实性、准确性和完整性承本公司董事会及全体董事保证本公告内容不存在任何虚假记载、误导性陈述或者重大遗漏，并对其内容的真实性、准确性和完整性承本公司董事会及全体董事保证本公告内容不存在任何虚假记载、误导性陈述或者重大遗漏，并对其内容的真实性、准确性和完整性承本公司董事会及全体董事保证本公告内容不存在任何虚假记载、误导性陈述或者重大遗漏，并对其内容的真实性、准确性和完整性承
本公司董事会及全体董事保证本公告内容不存在任何虚假记载、误导性陈述或者重大遗漏，并对其内容的真实性、准确性和完整性承本公司董事会及全体董事保证本公告内容不存在任何虚假记载、误导性陈述或者重大遗漏，并对其内容的真实性、准确性和完整性承本公司董事会及全体董事保证本公告内容不存在任何虚假记载、误导性陈述或者重大遗漏，并对其内容的真实性、准确性和完整性承本公司董事会及全体董事保证本公告内容不存在任何虚假记载、误导性陈述或者重大遗漏，并对其内容的真实性、准确性和完整性承
本公司董事会及全体董事保证本公告内容不存在任何虚假记载、误导性陈述或者重大遗漏，并对其内容的真实性、准确性和完整性承本公司董事会及全体董事保证本公告内容不存在任何虚假记载、误导性陈述或者重大遗漏，并对其内容的真实性、准确性和完整性承本公司董事会及全体董事保证本公告内容不存在任何虚假记载、误导性陈述或者重大遗漏，并对其内容的真实性、准确性和完整性承本公司董事会及全体董事保证本公告内容不存在任何虚假记载、误导性陈述或者重大遗漏，并对其内容的真实性、准确性和完整性承
本公司董事会及全体董事保证本公告内容不存在任何虚假记载、误导性陈述或者重大遗漏，并对其内容的真实性、准确性和完整性承本公司董事会及全体董事保证本公告内容不存在任何虚假记载、误导性陈述或者重大遗漏，并对其内容的真实性、准确性和完整性承本公司董事会及全体董事保证本公告内容不存在任何虚假记载、误导性陈述或者重大遗漏，并对其内容的真实性、准确性和完整性承本公司董事会及全体董事保证本公告内容不存在任何虚假记载、误导性陈述或者重大遗漏，并对其内容的真实性、准确性和完整性承
长园科技集团股份有限公司董事会 二〇二二年十月二十九日
证券代码：603855 证券简称：长园集团 公告编号：2022103
长园科技集团股份有限公司
关于涉及诉讼事项的公告
本公司董事会及全体董事保证本公告内容不存在任何虚假记载、误导性陈述或者重大遗漏，并对其内容的真实性、准确性和完整性承本公司董事会及全体董事保证本公告内容不存在任何虚假记载、误导性陈述或者重大遗漏，并对其内容的真实性、准确性和完整性承本公司董事会及全体董事保证本公告内容不存在任何虚假记载、误导性陈述或者重大遗漏，并对其内容的真实性、准确性和完整性承本公司董事会及全体董事保证本公告内容不存在任何虚假记载、误导性陈述或者重大遗漏，并对其内容的真实性、准确性和完整性承本公司董事会及全体董事保证本公告内容不存在任何虚假记载、误导性陈述或者重大遗漏，并对其内容的真实性、准确性和完整性承
本公司董事会及全体董事保证本公告内容不存在任何虚假记载、误导性陈述或者重大遗漏，并对其内容的真实性、准确性和完整性承本公司董事会及全体董事保证本公告内容不存在任何虚假记载、误导性陈述或者重大遗漏，并对其内容的真实性、准确性和完整性承本公司董事会及全体董事保证本公告内容不存在任何虚假记载、误导性陈述或者重大遗漏，并对其内容的真实性、准确性和完整性承本公司董事会及全体董事保证本公告内容不存在任何虚假记载、误导性陈述或者重大遗漏，并对其内容的真实性、准确性和完整性承本公司董事会及全体董事保证本公告内容不存在任何虚假记载、误导性陈述或者重大遗漏，并对其内容的真实性、准确性和完整性承
本公司董事会及全体董事保证本公告内容不存在任何虚假记载、误导性陈述或者重大遗漏，并对其内容的真实性、准确性和完整性承本公司董事会及全体董事保证本公告内容不存在任何虚假记载、误导性陈述或者重大遗漏，并对其内容的真实性、准确性和完整性承本公司董事会及全体董事保证本公告内容不存在任何虚假记载、误导性陈述或者重大遗漏，并对其内容的真实性、准确性和完整性承本公司董事会及全体董事保证本公告内容不存在任何虚假记载、误导性陈述或者重大遗漏，并对其内容的真实性、准确性和完整性承本公司董事会及全体董事保证本公告内容不存在任何虚假记载、误导性陈述或者重大遗漏，并对其内容的真实性、准确性和完整性承
本公司董事会及全体董事保证本公告内容不存在任何虚假记载、误导性陈述或者重大遗漏，并对其内容的真实性、准确性和完整性承本公司董事会及全体董事保证本公告内容不存在任何虚假记载、误导性陈述或者重大遗漏，并对其内容的真实性、准确性和完整性承本公司董事会及全体董事保证本公告内容不存在任何虚假记载、误导性陈述或者重大遗漏，并对其内容的真实性、准确性和完整性承本公司董事会及全体董事保证本公告内容不存在任何虚假记载、误导性陈述或者重大遗漏，并对其内容的真实性、准确性和完整性承本公司董事会及全体董事保证本公告内容不存在任何虚假记载、误导性陈述或者重大遗漏，并对其内容的真实性、准确性和完整性承
本公司董事会及全体董事保证本公告内容不存在任何虚假记载、误导性陈述或者重大遗漏，并对其内容的真实性、准确性和完整性承本公司董事会及全体董事保证本公告内容不存在任何虚假记载、误导性陈述或者重大遗漏，并对其内容的真实性、准确性和完整性承本公司董事会及全体董事保证本公告内容不存在任何虚假记载、误导性陈述或者重大遗漏，并对其内容的真实性、准确性和完整性承本公司董事会及全体董事保证本公告内容不存在任何虚假记载、误导性陈述或者重大遗漏，并对其内容的真实性、准确性和完整性承本公司董事会及全体董事保证本公告内容不存在任何虚假记载、误导性陈述或者重大遗漏，并对其内容的真实性、准确性和完整性承
本公司董事会及全体董事保证本公告内容不存在任何虚假记载、误导性陈述或者重大遗漏，并对其内容的真实性、准确性和完整性承本公司董事会及全体董事保证本公告内容不存在任何虚假记载、误导性陈述或者重大遗漏，并对其内容的真实性、准确性和完整性承本公司董事会及全体董事保证本公告内容不存在任何虚假记载、误导性陈述或者重大遗漏，并对其内容的真实性、准确性和完整性承本公司董事会及全体董事保证本公告内容不存在任何虚假记载、误导性陈述或者重大遗漏，并对其内容的真实性、准确性和完整性承本公司董事会及全体董事保证本公告内容不存在任何虚假记载、误导性陈述或者重大遗漏，并对其内容的真实性、准确性和完整性承
本公司董事会及全体董事保证本公告内容不存在任何虚假记载、误导性陈述或者重大遗漏，并对其内容的真实性、准确性和完整性承本公司董事会及全体董事保证本公告内容不存在任何虚假记载、误导性陈述或者重大遗漏，并对其内容的真实性、准确性和完整性承本公司董事会及全体董事保证本公告内容不存在任何虚假记载、误导性陈述或者重大遗漏，并对其内容的真实性、准确性和完整性承本公司董事会及全体董事保证本公告内容不存在任何虚假记载、误导性陈述或者重大遗漏，并对其内容的真实性、准确性和完整性承本公司董事会及全体董事保证本公告内容不存在任何虚假记载、误导性陈述或者重大遗漏，并对其内容的真实性、准确性和完整性承
本公司董事会及全体董事保证本公告内容不存在任何虚假记载、误导性陈述或者重大遗漏，并对其内容的真实性、准确性和完整性承本公司董事会及全体董事保证本公告内容不存在任何虚假记载、误导性陈述或者重大遗漏，并对其内容的真实性、准确性和完整性承本公司董事会及全体董事保证本公告内容不存在任何虚假记载、误导性陈述或者重大遗漏，并对其内容的真实性、准确性和完整性承本公司董事会及全体董事保证本公告内容不存在任何虚假记载、误导性陈述或者重大遗漏，并对其内容的真实性、准确性和完整性承本公司董事会及全体董事保证本公告内容不存在任何虚假记载、误导性陈述或者重大遗漏，并对其内容的真实性、准确性和完整性承
本公司董事会及全体董事保证本公告内容不存在任何虚假记载、误导性陈述或者重大遗漏，并对其内容的真实性、准确性和完整性承本公司董事会及全体董事保证本公告内容不存在任何虚假记载、误导性陈述或者重大遗漏，并对其内容的真实性、准确性和完整性承本公司董事会及全体董事保证本公告内容不存在任何虚假记载、误导性陈述或者重大遗漏，并对其内容的真实性、准确性和完整性承本公司董事会及全体董事保证本公告内容不存在任何虚假记载、误导性陈述或者重大遗漏，并对其内容的真实性、准确性和完整性承本公司董事会及全体董事保证本公告内容不存在任何虚假记载、误导性陈述或者重大遗漏，并对其内容的真实性、准确性和完整性承
本公司董事会及全体董事保证本公告内容不存在任何虚假记载、误导性陈述或者重大遗漏，并对其内容的真实性、准确性和完整性承本公司董事会及全体董事保证本公告内容不存在任何虚假记载、误导性陈述或者重大遗漏，并对其内容的真实性、准确性和完整性承本公司董事会及全体董事保证本公告内容不存在任何虚假记载、误导性陈述或者重大遗漏，并对其内容的真实性、准确性和完整性承本公司董事会及全体董事保证本公告内容不存在任何虚假记载、误导性陈述或者重大遗漏，并对其内容的真实性、准确性和完整性承本公司董事会及全体董事保证本公告内容不存在任何虚假记载、误导性陈述或者重大遗漏，并对其内容的真实性、准确性和完整性承
长园科技集团股份有限公司董事会 二〇二二年十月二十九日
